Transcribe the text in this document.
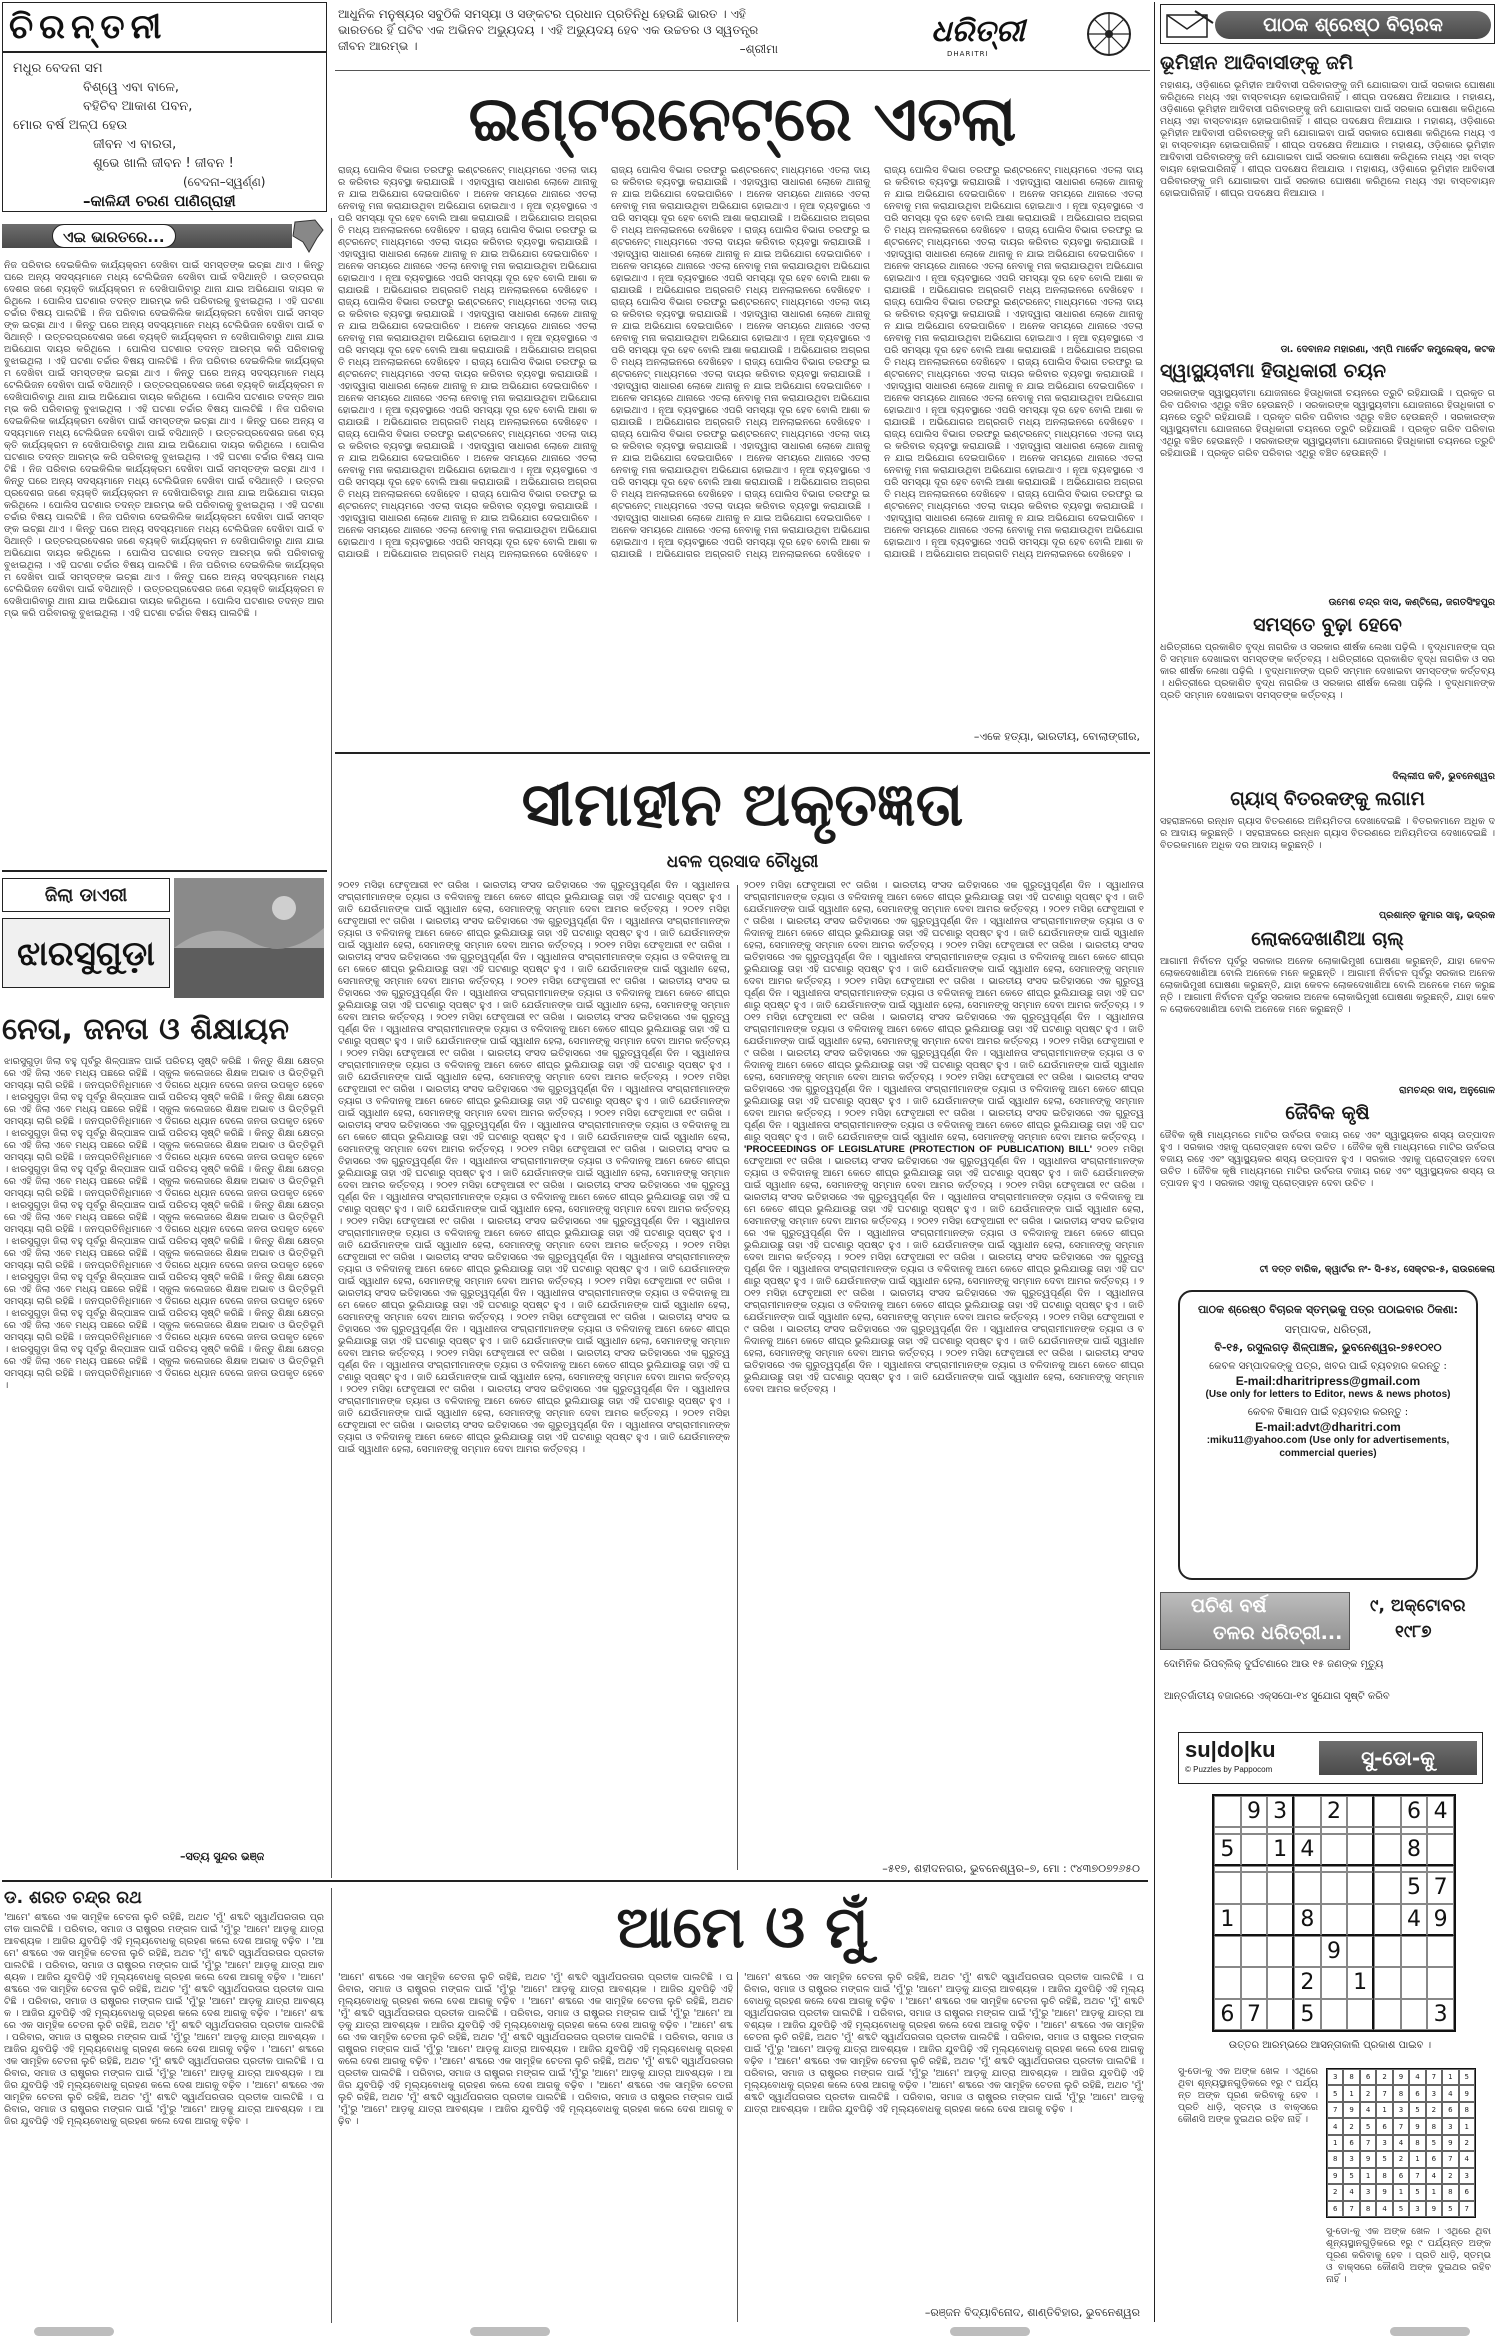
ଚିରନ୍ତନୀ
ମଧୁର ବେଦନା ସମ
ବିଶ୍ୱେ ଏବା ବାଳେ,
ବହିଚିବ ଆକାଶ ପବନ,
ମୋର ବର୍ଷ ଅଳ୍ପ ହେଉ
ଜୀବନ ଏ ବାରତା,
ଶୁଭେ ଖାଲି ଜୀବନ ! ଜୀବନ !
(ବେଦନା–ସ୍ୱର୍ଣ୍ଣ)
–କାଳିନ୍ଦୀ ଚରଣ ପାଣିଗ୍ରାହୀ
ଆଧୁନିକ ମନୁଷ୍ୟର ସବୁଠିକି ସମସ୍ୟା ଓ ସଙ୍କଟର ପ୍ରଧାନ ପ୍ରତିନିଧି ହେଉଛି ଭାରତ । ଏହି ଭାରତରେ ହିଁ ଘଟିବ ଏକ ଅଭିନବ ଅଭ୍ୟୁଦୟ । ଏହି ଅଭ୍ୟୁଦୟ ହେବ ଏକ ଉଚ୍ଚତର ଓ ସ୍ୱତନ୍ତ୍ର ଜୀବନ ଆରମ୍ଭ ।	–ଶ୍ରୀମା	ଧରିତ୍ରୀ
DHARITRI
ଇଣ୍ଟରନେଟ୍‌ରେ ଏତଲା
ଏଇ ଭାରତରେ...
ନିଜ ପରିବାର ଦେଇକିଲିକ କାର୍ଯ୍ୟକ୍ରମ ଦେଖିବା ପାଇଁ ସମସ୍ତଙ୍କ ଇଚ୍ଛା ଥାଏ । କିନ୍ତୁ ଘରେ ଅନ୍ୟ ସଦସ୍ୟମାନେ ମଧ୍ୟ ଟେଲିଭିଜନ ଦେଖିବା ପାଇଁ ବସିଥାନ୍ତି । ଉତ୍ତରପ୍ରଦେଶର ଜଣେ ବ୍ୟକ୍ତି କାର୍ଯ୍ୟକ୍ରମ ନ ଦେଖିପାରିବାରୁ ଥାନା ଯାଇ ଅଭିଯୋଗ ଦାୟର କରିଥିଲେ । ପୋଲିସ ଘଟଣାର ତଦନ୍ତ ଆରମ୍ଭ କରି ପରିବାରକୁ ବୁଝାଇଥିଲା । ଏହି ଘଟଣା ଚର୍ଚ୍ଚାର ବିଷୟ ପାଲଟିଛି । ନିଜ ପରିବାର ଦେଇକିଲିକ କାର୍ଯ୍ୟକ୍ରମ ଦେଖିବା ପାଇଁ ସମସ୍ତଙ୍କ ଇଚ୍ଛା ଥାଏ । କିନ୍ତୁ ଘରେ ଅନ୍ୟ ସଦସ୍ୟମାନେ ମଧ୍ୟ ଟେଲିଭିଜନ ଦେଖିବା ପାଇଁ ବସିଥାନ୍ତି । ଉତ୍ତରପ୍ରଦେଶର ଜଣେ ବ୍ୟକ୍ତି କାର୍ଯ୍ୟକ୍ରମ ନ ଦେଖିପାରିବାରୁ ଥାନା ଯାଇ ଅଭିଯୋଗ ଦାୟର କରିଥିଲେ । ପୋଲିସ ଘଟଣାର ତଦନ୍ତ ଆରମ୍ଭ କରି ପରିବାରକୁ ବୁଝାଇଥିଲା । ଏହି ଘଟଣା ଚର୍ଚ୍ଚାର ବିଷୟ ପାଲଟିଛି । ନିଜ ପରିବାର ଦେଇକିଲିକ କାର୍ଯ୍ୟକ୍ରମ ଦେଖିବା ପାଇଁ ସମସ୍ତଙ୍କ ଇଚ୍ଛା ଥାଏ । କିନ୍ତୁ ଘରେ ଅନ୍ୟ ସଦସ୍ୟମାନେ ମଧ୍ୟ ଟେଲିଭିଜନ ଦେଖିବା ପାଇଁ ବସିଥାନ୍ତି । ଉତ୍ତରପ୍ରଦେଶର ଜଣେ ବ୍ୟକ୍ତି କାର୍ଯ୍ୟକ୍ରମ ନ ଦେଖିପାରିବାରୁ ଥାନା ଯାଇ ଅଭିଯୋଗ ଦାୟର କରିଥିଲେ । ପୋଲିସ ଘଟଣାର ତଦନ୍ତ ଆରମ୍ଭ କରି ପରିବାରକୁ ବୁଝାଇଥିଲା । ଏହି ଘଟଣା ଚର୍ଚ୍ଚାର ବିଷୟ ପାଲଟିଛି । ନିଜ ପରିବାର ଦେଇକିଲିକ କାର୍ଯ୍ୟକ୍ରମ ଦେଖିବା ପାଇଁ ସମସ୍ତଙ୍କ ଇଚ୍ଛା ଥାଏ । କିନ୍ତୁ ଘରେ ଅନ୍ୟ ସଦସ୍ୟମାନେ ମଧ୍ୟ ଟେଲିଭିଜନ ଦେଖିବା ପାଇଁ ବସିଥାନ୍ତି । ଉତ୍ତରପ୍ରଦେଶର ଜଣେ ବ୍ୟକ୍ତି କାର୍ଯ୍ୟକ୍ରମ ନ ଦେଖିପାରିବାରୁ ଥାନା ଯାଇ ଅଭିଯୋଗ ଦାୟର କରିଥିଲେ । ପୋଲିସ ଘଟଣାର ତଦନ୍ତ ଆରମ୍ଭ କରି ପରିବାରକୁ ବୁଝାଇଥିଲା । ଏହି ଘଟଣା ଚର୍ଚ୍ଚାର ବିଷୟ ପାଲଟିଛି । ନିଜ ପରିବାର ଦେଇକିଲିକ କାର୍ଯ୍ୟକ୍ରମ ଦେଖିବା ପାଇଁ ସମସ୍ତଙ୍କ ଇଚ୍ଛା ଥାଏ । କିନ୍ତୁ ଘରେ ଅନ୍ୟ ସଦସ୍ୟମାନେ ମଧ୍ୟ ଟେଲିଭିଜନ ଦେଖିବା ପାଇଁ ବସିଥାନ୍ତି । ଉତ୍ତରପ୍ରଦେଶର ଜଣେ ବ୍ୟକ୍ତି କାର୍ଯ୍ୟକ୍ରମ ନ ଦେଖିପାରିବାରୁ ଥାନା ଯାଇ ଅଭିଯୋଗ ଦାୟର କରିଥିଲେ । ପୋଲିସ ଘଟଣାର ତଦନ୍ତ ଆରମ୍ଭ କରି ପରିବାରକୁ ବୁଝାଇଥିଲା । ଏହି ଘଟଣା ଚର୍ଚ୍ଚାର ବିଷୟ ପାଲଟିଛି । ନିଜ ପରିବାର ଦେଇକିଲିକ କାର୍ଯ୍ୟକ୍ରମ ଦେଖିବା ପାଇଁ ସମସ୍ତଙ୍କ ଇଚ୍ଛା ଥାଏ । କିନ୍ତୁ ଘରେ ଅନ୍ୟ ସଦସ୍ୟମାନେ ମଧ୍ୟ ଟେଲିଭିଜନ ଦେଖିବା ପାଇଁ ବସିଥାନ୍ତି । ଉତ୍ତରପ୍ରଦେଶର ଜଣେ ବ୍ୟକ୍ତି କାର୍ଯ୍ୟକ୍ରମ ନ ଦେଖିପାରିବାରୁ ଥାନା ଯାଇ ଅଭିଯୋଗ ଦାୟର କରିଥିଲେ । ପୋଲିସ ଘଟଣାର ତଦନ୍ତ ଆରମ୍ଭ କରି ପରିବାରକୁ ବୁଝାଇଥିଲା । ଏହି ଘଟଣା ଚର୍ଚ୍ଚାର ବିଷୟ ପାଲଟିଛି । ନିଜ ପରିବାର ଦେଇକିଲିକ କାର୍ଯ୍ୟକ୍ରମ ଦେଖିବା ପାଇଁ ସମସ୍ତଙ୍କ ଇଚ୍ଛା ଥାଏ । କିନ୍ତୁ ଘରେ ଅନ୍ୟ ସଦସ୍ୟମାନେ ମଧ୍ୟ ଟେଲିଭିଜନ ଦେଖିବା ପାଇଁ ବସିଥାନ୍ତି । ଉତ୍ତରପ୍ରଦେଶର ଜଣେ ବ୍ୟକ୍ତି କାର୍ଯ୍ୟକ୍ରମ ନ ଦେଖିପାରିବାରୁ ଥାନା ଯାଇ ଅଭିଯୋଗ ଦାୟର କରିଥିଲେ । ପୋଲିସ ଘଟଣାର ତଦନ୍ତ ଆରମ୍ଭ କରି ପରିବାରକୁ ବୁଝାଇଥିଲା । ଏହି ଘଟଣା ଚର୍ଚ୍ଚାର ବିଷୟ ପାଲଟିଛି ।
ଜିଲା ଡାଏରୀ
ଝାରସୁଗୁଡ଼ା
ନେତା, ଜନତା ଓ ଶିକ୍ଷାୟନ
ଝାରସୁଗୁଡ଼ା ଜିଲା ବହୁ ପୂର୍ବରୁ ଶିଳ୍ପାଞ୍ଚଳ ପାଇଁ ପରିଚୟ ସୃଷ୍ଟି କରିଛି । କିନ୍ତୁ ଶିକ୍ଷା କ୍ଷେତ୍ରରେ ଏହି ଜିଲା ଏବେ ମଧ୍ୟ ପଛରେ ରହିଛି । ସ୍କୁଲ କଲେଜରେ ଶିକ୍ଷକ ଅଭାବ ଓ ଭିତ୍ତିଭୂମି ସମସ୍ୟା ଲାଗି ରହିଛି । ଜନପ୍ରତିନିଧିମାନେ ଏ ଦିଗରେ ଧ୍ୟାନ ଦେଲେ ଜନତା ଉପକୃତ ହେବେ । ଝାରସୁଗୁଡ଼ା ଜିଲା ବହୁ ପୂର୍ବରୁ ଶିଳ୍ପାଞ୍ଚଳ ପାଇଁ ପରିଚୟ ସୃଷ୍ଟି କରିଛି । କିନ୍ତୁ ଶିକ୍ଷା କ୍ଷେତ୍ରରେ ଏହି ଜିଲା ଏବେ ମଧ୍ୟ ପଛରେ ରହିଛି । ସ୍କୁଲ କଲେଜରେ ଶିକ୍ଷକ ଅଭାବ ଓ ଭିତ୍ତିଭୂମି ସମସ୍ୟା ଲାଗି ରହିଛି । ଜନପ୍ରତିନିଧିମାନେ ଏ ଦିଗରେ ଧ୍ୟାନ ଦେଲେ ଜନତା ଉପକୃତ ହେବେ । ଝାରସୁଗୁଡ଼ା ଜିଲା ବହୁ ପୂର୍ବରୁ ଶିଳ୍ପାଞ୍ଚଳ ପାଇଁ ପରିଚୟ ସୃଷ୍ଟି କରିଛି । କିନ୍ତୁ ଶିକ୍ଷା କ୍ଷେତ୍ରରେ ଏହି ଜିଲା ଏବେ ମଧ୍ୟ ପଛରେ ରହିଛି । ସ୍କୁଲ କଲେଜରେ ଶିକ୍ଷକ ଅଭାବ ଓ ଭିତ୍ତିଭୂମି ସମସ୍ୟା ଲାଗି ରହିଛି । ଜନପ୍ରତିନିଧିମାନେ ଏ ଦିଗରେ ଧ୍ୟାନ ଦେଲେ ଜନତା ଉପକୃତ ହେବେ । ଝାରସୁଗୁଡ଼ା ଜିଲା ବହୁ ପୂର୍ବରୁ ଶିଳ୍ପାଞ୍ଚଳ ପାଇଁ ପରିଚୟ ସୃଷ୍ଟି କରିଛି । କିନ୍ତୁ ଶିକ୍ଷା କ୍ଷେତ୍ରରେ ଏହି ଜିଲା ଏବେ ମଧ୍ୟ ପଛରେ ରହିଛି । ସ୍କୁଲ କଲେଜରେ ଶିକ୍ଷକ ଅଭାବ ଓ ଭିତ୍ତିଭୂମି ସମସ୍ୟା ଲାଗି ରହିଛି । ଜନପ୍ରତିନିଧିମାନେ ଏ ଦିଗରେ ଧ୍ୟାନ ଦେଲେ ଜନତା ଉପକୃତ ହେବେ । ଝାରସୁଗୁଡ଼ା ଜିଲା ବହୁ ପୂର୍ବରୁ ଶିଳ୍ପାଞ୍ଚଳ ପାଇଁ ପରିଚୟ ସୃଷ୍ଟି କରିଛି । କିନ୍ତୁ ଶିକ୍ଷା କ୍ଷେତ୍ରରେ ଏହି ଜିଲା ଏବେ ମଧ୍ୟ ପଛରେ ରହିଛି । ସ୍କୁଲ କଲେଜରେ ଶିକ୍ଷକ ଅଭାବ ଓ ଭିତ୍ତିଭୂମି ସମସ୍ୟା ଲାଗି ରହିଛି । ଜନପ୍ରତିନିଧିମାନେ ଏ ଦିଗରେ ଧ୍ୟାନ ଦେଲେ ଜନତା ଉପକୃତ ହେବେ । ଝାରସୁଗୁଡ଼ା ଜିଲା ବହୁ ପୂର୍ବରୁ ଶିଳ୍ପାଞ୍ଚଳ ପାଇଁ ପରିଚୟ ସୃଷ୍ଟି କରିଛି । କିନ୍ତୁ ଶିକ୍ଷା କ୍ଷେତ୍ରରେ ଏହି ଜିଲା ଏବେ ମଧ୍ୟ ପଛରେ ରହିଛି । ସ୍କୁଲ କଲେଜରେ ଶିକ୍ଷକ ଅଭାବ ଓ ଭିତ୍ତିଭୂମି ସମସ୍ୟା ଲାଗି ରହିଛି । ଜନପ୍ରତିନିଧିମାନେ ଏ ଦିଗରେ ଧ୍ୟାନ ଦେଲେ ଜନତା ଉପକୃତ ହେବେ । ଝାରସୁଗୁଡ଼ା ଜିଲା ବହୁ ପୂର୍ବରୁ ଶିଳ୍ପାଞ୍ଚଳ ପାଇଁ ପରିଚୟ ସୃଷ୍ଟି କରିଛି । କିନ୍ତୁ ଶିକ୍ଷା କ୍ଷେତ୍ରରେ ଏହି ଜିଲା ଏବେ ମଧ୍ୟ ପଛରେ ରହିଛି । ସ୍କୁଲ କଲେଜରେ ଶିକ୍ଷକ ଅଭାବ ଓ ଭିତ୍ତିଭୂମି ସମସ୍ୟା ଲାଗି ରହିଛି । ଜନପ୍ରତିନିଧିମାନେ ଏ ଦିଗରେ ଧ୍ୟାନ ଦେଲେ ଜନତା ଉପକୃତ ହେବେ । ଝାରସୁଗୁଡ଼ା ଜିଲା ବହୁ ପୂର୍ବରୁ ଶିଳ୍ପାଞ୍ଚଳ ପାଇଁ ପରିଚୟ ସୃଷ୍ଟି କରିଛି । କିନ୍ତୁ ଶିକ୍ଷା କ୍ଷେତ୍ରରେ ଏହି ଜିଲା ଏବେ ମଧ୍ୟ ପଛରେ ରହିଛି । ସ୍କୁଲ କଲେଜରେ ଶିକ୍ଷକ ଅଭାବ ଓ ଭିତ୍ତିଭୂମି ସମସ୍ୟା ଲାଗି ରହିଛି । ଜନପ୍ରତିନିଧିମାନେ ଏ ଦିଗରେ ଧ୍ୟାନ ଦେଲେ ଜନତା ଉପକୃତ ହେବେ । ଝାରସୁଗୁଡ଼ା ଜିଲା ବହୁ ପୂର୍ବରୁ ଶିଳ୍ପାଞ୍ଚଳ ପାଇଁ ପରିଚୟ ସୃଷ୍ଟି କରିଛି । କିନ୍ତୁ ଶିକ୍ଷା କ୍ଷେତ୍ରରେ ଏହି ଜିଲା ଏବେ ମଧ୍ୟ ପଛରେ ରହିଛି । ସ୍କୁଲ କଲେଜରେ ଶିକ୍ଷକ ଅଭାବ ଓ ଭିତ୍ତିଭୂମି ସମସ୍ୟା ଲାଗି ରହିଛି । ଜନପ୍ରତିନିଧିମାନେ ଏ ଦିଗରେ ଧ୍ୟାନ ଦେଲେ ଜନତା ଉପକୃତ ହେବେ ।
–ସତ୍ୟ ସୁନ୍ଦର ଭଞ୍ଜ
ରାଜ୍ୟ ପୋଲିସ ବିଭାଗ ତରଫରୁ ଇଣ୍ଟରନେଟ୍ ମାଧ୍ୟମରେ ଏତଲା ଦାୟର କରିବାର ବ୍ୟବସ୍ଥା କରାଯାଉଛି । ଏହାଦ୍ୱାରା ସାଧାରଣ ଲୋକେ ଥାନାକୁ ନ ଯାଇ ଅଭିଯୋଗ ଦେଇପାରିବେ । ଅନେକ ସମୟରେ ଥାନାରେ ଏତଲା ନେବାକୁ ମନା କରାଯାଉଥିବା ଅଭିଯୋଗ ହୋଇଥାଏ । ନୂଆ ବ୍ୟବସ୍ଥାରେ ଏପରି ସମସ୍ୟା ଦୂର ହେବ ବୋଲି ଆଶା କରାଯାଉଛି । ଅଭିଯୋଗର ଅଗ୍ରଗତି ମଧ୍ୟ ଅନଲାଇନରେ ଦେଖିହେବ । ରାଜ୍ୟ ପୋଲିସ ବିଭାଗ ତରଫରୁ ଇଣ୍ଟରନେଟ୍ ମାଧ୍ୟମରେ ଏତଲା ଦାୟର କରିବାର ବ୍ୟବସ୍ଥା କରାଯାଉଛି । ଏହାଦ୍ୱାରା ସାଧାରଣ ଲୋକେ ଥାନାକୁ ନ ଯାଇ ଅଭିଯୋଗ ଦେଇପାରିବେ । ଅନେକ ସମୟରେ ଥାନାରେ ଏତଲା ନେବାକୁ ମନା କରାଯାଉଥିବା ଅଭିଯୋଗ ହୋଇଥାଏ । ନୂଆ ବ୍ୟବସ୍ଥାରେ ଏପରି ସମସ୍ୟା ଦୂର ହେବ ବୋଲି ଆଶା କରାଯାଉଛି । ଅଭିଯୋଗର ଅଗ୍ରଗତି ମଧ୍ୟ ଅନଲାଇନରେ ଦେଖିହେବ । ରାଜ୍ୟ ପୋଲିସ ବିଭାଗ ତରଫରୁ ଇଣ୍ଟରନେଟ୍ ମାଧ୍ୟମରେ ଏତଲା ଦାୟର କରିବାର ବ୍ୟବସ୍ଥା କରାଯାଉଛି । ଏହାଦ୍ୱାରା ସାଧାରଣ ଲୋକେ ଥାନାକୁ ନ ଯାଇ ଅଭିଯୋଗ ଦେଇପାରିବେ । ଅନେକ ସମୟରେ ଥାନାରେ ଏତଲା ନେବାକୁ ମନା କରାଯାଉଥିବା ଅଭିଯୋଗ ହୋଇଥାଏ । ନୂଆ ବ୍ୟବସ୍ଥାରେ ଏପରି ସମସ୍ୟା ଦୂର ହେବ ବୋଲି ଆଶା କରାଯାଉଛି । ଅଭିଯୋଗର ଅଗ୍ରଗତି ମଧ୍ୟ ଅନଲାଇନରେ ଦେଖିହେବ । ରାଜ୍ୟ ପୋଲିସ ବିଭାଗ ତରଫରୁ ଇଣ୍ଟରନେଟ୍ ମାଧ୍ୟମରେ ଏତଲା ଦାୟର କରିବାର ବ୍ୟବସ୍ଥା କରାଯାଉଛି । ଏହାଦ୍ୱାରା ସାଧାରଣ ଲୋକେ ଥାନାକୁ ନ ଯାଇ ଅଭିଯୋଗ ଦେଇପାରିବେ । ଅନେକ ସମୟରେ ଥାନାରେ ଏତଲା ନେବାକୁ ମନା କରାଯାଉଥିବା ଅଭିଯୋଗ ହୋଇଥାଏ । ନୂଆ ବ୍ୟବସ୍ଥାରେ ଏପରି ସମସ୍ୟା ଦୂର ହେବ ବୋଲି ଆଶା କରାଯାଉଛି । ଅଭିଯୋଗର ଅଗ୍ରଗତି ମଧ୍ୟ ଅନଲାଇନରେ ଦେଖିହେବ । ରାଜ୍ୟ ପୋଲିସ ବିଭାଗ ତରଫରୁ ଇଣ୍ଟରନେଟ୍ ମାଧ୍ୟମରେ ଏତଲା ଦାୟର କରିବାର ବ୍ୟବସ୍ଥା କରାଯାଉଛି । ଏହାଦ୍ୱାରା ସାଧାରଣ ଲୋକେ ଥାନାକୁ ନ ଯାଇ ଅଭିଯୋଗ ଦେଇପାରିବେ । ଅନେକ ସମୟରେ ଥାନାରେ ଏତଲା ନେବାକୁ ମନା କରାଯାଉଥିବା ଅଭିଯୋଗ ହୋଇଥାଏ । ନୂଆ ବ୍ୟବସ୍ଥାରେ ଏପରି ସମସ୍ୟା ଦୂର ହେବ ବୋଲି ଆଶା କରାଯାଉଛି । ଅଭିଯୋଗର ଅଗ୍ରଗତି ମଧ୍ୟ ଅନଲାଇନରେ ଦେଖିହେବ । ରାଜ୍ୟ ପୋଲିସ ବିଭାଗ ତରଫରୁ ଇଣ୍ଟରନେଟ୍ ମାଧ୍ୟମରେ ଏତଲା ଦାୟର କରିବାର ବ୍ୟବସ୍ଥା କରାଯାଉଛି । ଏହାଦ୍ୱାରା ସାଧାରଣ ଲୋକେ ଥାନାକୁ ନ ଯାଇ ଅଭିଯୋଗ ଦେଇପାରିବେ । ଅନେକ ସମୟରେ ଥାନାରେ ଏତଲା ନେବାକୁ ମନା କରାଯାଉଥିବା ଅଭିଯୋଗ ହୋଇଥାଏ । ନୂଆ ବ୍ୟବସ୍ଥାରେ ଏପରି ସମସ୍ୟା ଦୂର ହେବ ବୋଲି ଆଶା କରାଯାଉଛି । ଅଭିଯୋଗର ଅଗ୍ରଗତି ମଧ୍ୟ ଅନଲାଇନରେ ଦେଖିହେବ । ରାଜ୍ୟ ପୋଲିସ ବିଭାଗ ତରଫରୁ ଇଣ୍ଟରନେଟ୍ ମାଧ୍ୟମରେ ଏତଲା ଦାୟର କରିବାର ବ୍ୟବସ୍ଥା କରାଯାଉଛି । ଏହାଦ୍ୱାରା ସାଧାରଣ ଲୋକେ ଥାନାକୁ ନ ଯାଇ ଅଭିଯୋଗ ଦେଇପାରିବେ । ଅନେକ ସମୟରେ ଥାନାରେ ଏତଲା ନେବାକୁ ମନା କରାଯାଉଥିବା ଅଭିଯୋଗ ହୋଇଥାଏ । ନୂଆ ବ୍ୟବସ୍ଥାରେ ଏପରି ସମସ୍ୟା ଦୂର ହେବ ବୋଲି ଆଶା କରାଯାଉଛି । ଅଭିଯୋଗର ଅଗ୍ରଗତି ମଧ୍ୟ ଅନଲାଇନରେ ଦେଖିହେବ । ରାଜ୍ୟ ପୋଲିସ ବିଭାଗ ତରଫରୁ ଇଣ୍ଟରନେଟ୍ ମାଧ୍ୟମରେ ଏତଲା ଦାୟର କରିବାର ବ୍ୟବସ୍ଥା କରାଯାଉଛି । ଏହାଦ୍ୱାରା ସାଧାରଣ ଲୋକେ ଥାନାକୁ ନ ଯାଇ ଅଭିଯୋଗ ଦେଇପାରିବେ । ଅନେକ ସମୟରେ ଥାନାରେ ଏତଲା ନେବାକୁ ମନା କରାଯାଉଥିବା ଅଭିଯୋଗ ହୋଇଥାଏ । ନୂଆ ବ୍ୟବସ୍ଥାରେ ଏପରି ସମସ୍ୟା ଦୂର ହେବ ବୋଲି ଆଶା କରାଯାଉଛି । ଅଭିଯୋଗର ଅଗ୍ରଗତି ମଧ୍ୟ ଅନଲାଇନରେ ଦେଖିହେବ । ରାଜ୍ୟ ପୋଲିସ ବିଭାଗ ତରଫରୁ ଇଣ୍ଟରନେଟ୍ ମାଧ୍ୟମରେ ଏତଲା ଦାୟର କରିବାର ବ୍ୟବସ୍ଥା କରାଯାଉଛି । ଏହାଦ୍ୱାରା ସାଧାରଣ ଲୋକେ ଥାନାକୁ ନ ଯାଇ ଅଭିଯୋଗ ଦେଇପାରିବେ । ଅନେକ ସମୟରେ ଥାନାରେ ଏତଲା ନେବାକୁ ମନା କରାଯାଉଥିବା ଅଭିଯୋଗ ହୋଇଥାଏ । ନୂଆ ବ୍ୟବସ୍ଥାରେ ଏପରି ସମସ୍ୟା ଦୂର ହେବ ବୋଲି ଆଶା କରାଯାଉଛି । ଅଭିଯୋଗର ଅଗ୍ରଗତି ମଧ୍ୟ ଅନଲାଇନରେ ଦେଖିହେବ । ରାଜ୍ୟ ପୋଲିସ ବିଭାଗ ତରଫରୁ ଇଣ୍ଟରନେଟ୍ ମାଧ୍ୟମରେ ଏତଲା ଦାୟର କରିବାର ବ୍ୟବସ୍ଥା କରାଯାଉଛି । ଏହାଦ୍ୱାରା ସାଧାରଣ ଲୋକେ ଥାନାକୁ ନ ଯାଇ ଅଭିଯୋଗ ଦେଇପାରିବେ । ଅନେକ ସମୟରେ ଥାନାରେ ଏତଲା ନେବାକୁ ମନା କରାଯାଉଥିବା ଅଭିଯୋଗ ହୋଇଥାଏ । ନୂଆ ବ୍ୟବସ୍ଥାରେ ଏପରି ସମସ୍ୟା ଦୂର ହେବ ବୋଲି ଆଶା କରାଯାଉଛି । ଅଭିଯୋଗର ଅଗ୍ରଗତି ମଧ୍ୟ ଅନଲାଇନରେ ଦେଖିହେବ । ରାଜ୍ୟ ପୋଲିସ ବିଭାଗ ତରଫରୁ ଇଣ୍ଟରନେଟ୍ ମାଧ୍ୟମରେ ଏତଲା ଦାୟର କରିବାର ବ୍ୟବସ୍ଥା କରାଯାଉଛି । ଏହାଦ୍ୱାରା ସାଧାରଣ ଲୋକେ ଥାନାକୁ ନ ଯାଇ ଅଭିଯୋଗ ଦେଇପାରିବେ । ଅନେକ ସମୟରେ ଥାନାରେ ଏତଲା ନେବାକୁ ମନା କରାଯାଉଥିବା ଅଭିଯୋଗ ହୋଇଥାଏ । ନୂଆ ବ୍ୟବସ୍ଥାରେ ଏପରି ସମସ୍ୟା ଦୂର ହେବ ବୋଲି ଆଶା କରାଯାଉଛି । ଅଭିଯୋଗର ଅଗ୍ରଗତି ମଧ୍ୟ ଅନଲାଇନରେ ଦେଖିହେବ । ରାଜ୍ୟ ପୋଲିସ ବିଭାଗ ତରଫରୁ ଇଣ୍ଟରନେଟ୍ ମାଧ୍ୟମରେ ଏତଲା ଦାୟର କରିବାର ବ୍ୟବସ୍ଥା କରାଯାଉଛି । ଏହାଦ୍ୱାରା ସାଧାରଣ ଲୋକେ ଥାନାକୁ ନ ଯାଇ ଅଭିଯୋଗ ଦେଇପାରିବେ । ଅନେକ ସମୟରେ ଥାନାରେ ଏତଲା ନେବାକୁ ମନା କରାଯାଉଥିବା ଅଭିଯୋଗ ହୋଇଥାଏ । ନୂଆ ବ୍ୟବସ୍ଥାରେ ଏପରି ସମସ୍ୟା ଦୂର ହେବ ବୋଲି ଆଶା କରାଯାଉଛି । ଅଭିଯୋଗର ଅଗ୍ରଗତି ମଧ୍ୟ ଅନଲାଇନରେ ଦେଖିହେବ । ରାଜ୍ୟ ପୋଲିସ ବିଭାଗ ତରଫରୁ ଇଣ୍ଟରନେଟ୍ ମାଧ୍ୟମରେ ଏତଲା ଦାୟର କରିବାର ବ୍ୟବସ୍ଥା କରାଯାଉଛି । ଏହାଦ୍ୱାରା ସାଧାରଣ ଲୋକେ ଥାନାକୁ ନ ଯାଇ ଅଭିଯୋଗ ଦେଇପାରିବେ । ଅନେକ ସମୟରେ ଥାନାରେ ଏତଲା ନେବାକୁ ମନା କରାଯାଉଥିବା ଅଭିଯୋଗ ହୋଇଥାଏ । ନୂଆ ବ୍ୟବସ୍ଥାରେ ଏପରି ସମସ୍ୟା ଦୂର ହେବ ବୋଲି ଆଶା କରାଯାଉଛି । ଅଭିଯୋଗର ଅଗ୍ରଗତି ମଧ୍ୟ ଅନଲାଇନରେ ଦେଖିହେବ । ରାଜ୍ୟ ପୋଲିସ ବିଭାଗ ତରଫରୁ ଇଣ୍ଟରନେଟ୍ ମାଧ୍ୟମରେ ଏତଲା ଦାୟର କରିବାର ବ୍ୟବସ୍ଥା କରାଯାଉଛି । ଏହାଦ୍ୱାରା ସାଧାରଣ ଲୋକେ ଥାନାକୁ ନ ଯାଇ ଅଭିଯୋଗ ଦେଇପାରିବେ । ଅନେକ ସମୟରେ ଥାନାରେ ଏତଲା ନେବାକୁ ମନା କରାଯାଉଥିବା ଅଭିଯୋଗ ହୋଇଥାଏ । ନୂଆ ବ୍ୟବସ୍ଥାରେ ଏପରି ସମସ୍ୟା ଦୂର ହେବ ବୋଲି ଆଶା କରାଯାଉଛି । ଅଭିଯୋଗର ଅଗ୍ରଗତି ମଧ୍ୟ ଅନଲାଇନରେ ଦେଖିହେବ । ରାଜ୍ୟ ପୋଲିସ ବିଭାଗ ତରଫରୁ ଇଣ୍ଟରନେଟ୍ ମାଧ୍ୟମରେ ଏତଲା ଦାୟର କରିବାର ବ୍ୟବସ୍ଥା କରାଯାଉଛି । ଏହାଦ୍ୱାରା ସାଧାରଣ ଲୋକେ ଥାନାକୁ ନ ଯାଇ ଅଭିଯୋଗ ଦେଇପାରିବେ । ଅନେକ ସମୟରେ ଥାନାରେ ଏତଲା ନେବାକୁ ମନା କରାଯାଉଥିବା ଅଭିଯୋଗ ହୋଇଥାଏ । ନୂଆ ବ୍ୟବସ୍ଥାରେ ଏପରି ସମସ୍ୟା ଦୂର ହେବ ବୋଲି ଆଶା କରାଯାଉଛି । ଅଭିଯୋଗର ଅଗ୍ରଗତି ମଧ୍ୟ ଅନଲାଇନରେ ଦେଖିହେବ । ରାଜ୍ୟ ପୋଲିସ ବିଭାଗ ତରଫରୁ ଇଣ୍ଟରନେଟ୍ ମାଧ୍ୟମରେ ଏତଲା ଦାୟର କରିବାର ବ୍ୟବସ୍ଥା କରାଯାଉଛି । ଏହାଦ୍ୱାରା ସାଧାରଣ ଲୋକେ ଥାନାକୁ ନ ଯାଇ ଅଭିଯୋଗ ଦେଇପାରିବେ । ଅନେକ ସମୟରେ ଥାନାରେ ଏତଲା ନେବାକୁ ମନା କରାଯାଉଥିବା ଅଭିଯୋଗ ହୋଇଥାଏ । ନୂଆ ବ୍ୟବସ୍ଥାରେ ଏପରି ସମସ୍ୟା ଦୂର ହେବ ବୋଲି ଆଶା କରାଯାଉଛି । ଅଭିଯୋଗର ଅଗ୍ରଗତି ମଧ୍ୟ ଅନଲାଇନରେ ଦେଖିହେବ । ରାଜ୍ୟ ପୋଲିସ ବିଭାଗ ତରଫରୁ ଇଣ୍ଟରନେଟ୍ ମାଧ୍ୟମରେ ଏତଲା ଦାୟର କରିବାର ବ୍ୟବସ୍ଥା କରାଯାଉଛି । ଏହାଦ୍ୱାରା ସାଧାରଣ ଲୋକେ ଥାନାକୁ ନ ଯାଇ ଅଭିଯୋଗ ଦେଇପାରିବେ । ଅନେକ ସମୟରେ ଥାନାରେ ଏତଲା ନେବାକୁ ମନା କରାଯାଉଥିବା ଅଭିଯୋଗ ହୋଇଥାଏ । ନୂଆ ବ୍ୟବସ୍ଥାରେ ଏପରି ସମସ୍ୟା ଦୂର ହେବ ବୋଲି ଆଶା କରାଯାଉଛି । ଅଭିଯୋଗର ଅଗ୍ରଗତି ମଧ୍ୟ ଅନଲାଇନରେ ଦେଖିହେବ । ରାଜ୍ୟ ପୋଲିସ ବିଭାଗ ତରଫରୁ ଇଣ୍ଟରନେଟ୍ ମାଧ୍ୟମରେ ଏତଲା ଦାୟର କରିବାର ବ୍ୟବସ୍ଥା କରାଯାଉଛି । ଏହାଦ୍ୱାରା ସାଧାରଣ ଲୋକେ ଥାନାକୁ ନ ଯାଇ ଅଭିଯୋଗ ଦେଇପାରିବେ । ଅନେକ ସମୟରେ ଥାନାରେ ଏତଲା ନେବାକୁ ମନା କରାଯାଉଥିବା ଅଭିଯୋଗ ହୋଇଥାଏ । ନୂଆ ବ୍ୟବସ୍ଥାରେ ଏପରି ସମସ୍ୟା ଦୂର ହେବ ବୋଲି ଆଶା କରାଯାଉଛି । ଅଭିଯୋଗର ଅଗ୍ରଗତି ମଧ୍ୟ ଅନଲାଇନରେ ଦେଖିହେବ ।
–ଏକେ ହତ୍ୟା, ଭାରତୀୟ, ବୋଲାଙ୍ଗୀର,
ସୀମାହୀନ ଅକୃତଜ୍ଞତା
ଧବଳ ପ୍ରସାଦ ଚୌଧୁରୀ
୨୦୧୨ ମସିହା ଫେବୃଆରୀ ୧୯ ତାରିଖ । ଭାରତୀୟ ସଂସଦ ଇତିହାସରେ ଏକ ଗୁରୁତ୍ୱପୂର୍ଣ୍ଣ ଦିନ । ସ୍ୱାଧୀନତା ସଂଗ୍ରାମୀମାନଙ୍କ ତ୍ୟାଗ ଓ ବଳିଦାନକୁ ଆମେ କେତେ ଶୀଘ୍ର ଭୁଲିଯାଉଛୁ ତାହା ଏହି ଘଟଣାରୁ ସ୍ପଷ୍ଟ ହୁଏ । ଜାତି ଯେଉଁମାନଙ୍କ ପାଇଁ ସ୍ୱାଧୀନ ହେଲା, ସେମାନଙ୍କୁ ସମ୍ମାନ ଦେବା ଆମର କର୍ତ୍ତବ୍ୟ । ୨୦୧୨ ମସିହା ଫେବୃଆରୀ ୧୯ ତାରିଖ । ଭାରତୀୟ ସଂସଦ ଇତିହାସରେ ଏକ ଗୁରୁତ୍ୱପୂର୍ଣ୍ଣ ଦିନ । ସ୍ୱାଧୀନତା ସଂଗ୍ରାମୀମାନଙ୍କ ତ୍ୟାଗ ଓ ବଳିଦାନକୁ ଆମେ କେତେ ଶୀଘ୍ର ଭୁଲିଯାଉଛୁ ତାହା ଏହି ଘଟଣାରୁ ସ୍ପଷ୍ଟ ହୁଏ । ଜାତି ଯେଉଁମାନଙ୍କ ପାଇଁ ସ୍ୱାଧୀନ ହେଲା, ସେମାନଙ୍କୁ ସମ୍ମାନ ଦେବା ଆମର କର୍ତ୍ତବ୍ୟ । ୨୦୧୨ ମସିହା ଫେବୃଆରୀ ୧୯ ତାରିଖ । ଭାରତୀୟ ସଂସଦ ଇତିହାସରେ ଏକ ଗୁରୁତ୍ୱପୂର୍ଣ୍ଣ ଦିନ । ସ୍ୱାଧୀନତା ସଂଗ୍ରାମୀମାନଙ୍କ ତ୍ୟାଗ ଓ ବଳିଦାନକୁ ଆମେ କେତେ ଶୀଘ୍ର ଭୁଲିଯାଉଛୁ ତାହା ଏହି ଘଟଣାରୁ ସ୍ପଷ୍ଟ ହୁଏ । ଜାତି ଯେଉଁମାନଙ୍କ ପାଇଁ ସ୍ୱାଧୀନ ହେଲା, ସେମାନଙ୍କୁ ସମ୍ମାନ ଦେବା ଆମର କର୍ତ୍ତବ୍ୟ । ୨୦୧୨ ମସିହା ଫେବୃଆରୀ ୧୯ ତାରିଖ । ଭାରତୀୟ ସଂସଦ ଇତିହାସରେ ଏକ ଗୁରୁତ୍ୱପୂର୍ଣ୍ଣ ଦିନ । ସ୍ୱାଧୀନତା ସଂଗ୍ରାମୀମାନଙ୍କ ତ୍ୟାଗ ଓ ବଳିଦାନକୁ ଆମେ କେତେ ଶୀଘ୍ର ଭୁଲିଯାଉଛୁ ତାହା ଏହି ଘଟଣାରୁ ସ୍ପଷ୍ଟ ହୁଏ । ଜାତି ଯେଉଁମାନଙ୍କ ପାଇଁ ସ୍ୱାଧୀନ ହେଲା, ସେମାନଙ୍କୁ ସମ୍ମାନ ଦେବା ଆମର କର୍ତ୍ତବ୍ୟ । ୨୦୧୨ ମସିହା ଫେବୃଆରୀ ୧୯ ତାରିଖ । ଭାରତୀୟ ସଂସଦ ଇତିହାସରେ ଏକ ଗୁରୁତ୍ୱପୂର୍ଣ୍ଣ ଦିନ । ସ୍ୱାଧୀନତା ସଂଗ୍ରାମୀମାନଙ୍କ ତ୍ୟାଗ ଓ ବଳିଦାନକୁ ଆମେ କେତେ ଶୀଘ୍ର ଭୁଲିଯାଉଛୁ ତାହା ଏହି ଘଟଣାରୁ ସ୍ପଷ୍ଟ ହୁଏ । ଜାତି ଯେଉଁମାନଙ୍କ ପାଇଁ ସ୍ୱାଧୀନ ହେଲା, ସେମାନଙ୍କୁ ସମ୍ମାନ ଦେବା ଆମର କର୍ତ୍ତବ୍ୟ । ୨୦୧୨ ମସିହା ଫେବୃଆରୀ ୧୯ ତାରିଖ । ଭାରତୀୟ ସଂସଦ ଇତିହାସରେ ଏକ ଗୁରୁତ୍ୱପୂର୍ଣ୍ଣ ଦିନ । ସ୍ୱାଧୀନତା ସଂଗ୍ରାମୀମାନଙ୍କ ତ୍ୟାଗ ଓ ବଳିଦାନକୁ ଆମେ କେତେ ଶୀଘ୍ର ଭୁଲିଯାଉଛୁ ତାହା ଏହି ଘଟଣାରୁ ସ୍ପଷ୍ଟ ହୁଏ । ଜାତି ଯେଉଁମାନଙ୍କ ପାଇଁ ସ୍ୱାଧୀନ ହେଲା, ସେମାନଙ୍କୁ ସମ୍ମାନ ଦେବା ଆମର କର୍ତ୍ତବ୍ୟ । ୨୦୧୨ ମସିହା ଫେବୃଆରୀ ୧୯ ତାରିଖ । ଭାରତୀୟ ସଂସଦ ଇତିହାସରେ ଏକ ଗୁରୁତ୍ୱପୂର୍ଣ୍ଣ ଦିନ । ସ୍ୱାଧୀନତା ସଂଗ୍ରାମୀମାନଙ୍କ ତ୍ୟାଗ ଓ ବଳିଦାନକୁ ଆମେ କେତେ ଶୀଘ୍ର ଭୁଲିଯାଉଛୁ ତାହା ଏହି ଘଟଣାରୁ ସ୍ପଷ୍ଟ ହୁଏ । ଜାତି ଯେଉଁମାନଙ୍କ ପାଇଁ ସ୍ୱାଧୀନ ହେଲା, ସେମାନଙ୍କୁ ସମ୍ମାନ ଦେବା ଆମର କର୍ତ୍ତବ୍ୟ । ୨୦୧୨ ମସିହା ଫେବୃଆରୀ ୧୯ ତାରିଖ । ଭାରତୀୟ ସଂସଦ ଇତିହାସରେ ଏକ ଗୁରୁତ୍ୱପୂର୍ଣ୍ଣ ଦିନ । ସ୍ୱାଧୀନତା ସଂଗ୍ରାମୀମାନଙ୍କ ତ୍ୟାଗ ଓ ବଳିଦାନକୁ ଆମେ କେତେ ଶୀଘ୍ର ଭୁଲିଯାଉଛୁ ତାହା ଏହି ଘଟଣାରୁ ସ୍ପଷ୍ଟ ହୁଏ । ଜାତି ଯେଉଁମାନଙ୍କ ପାଇଁ ସ୍ୱାଧୀନ ହେଲା, ସେମାନଙ୍କୁ ସମ୍ମାନ ଦେବା ଆମର କର୍ତ୍ତବ୍ୟ । ୨୦୧୨ ମସିହା ଫେବୃଆରୀ ୧୯ ତାରିଖ । ଭାରତୀୟ ସଂସଦ ଇତିହାସରେ ଏକ ଗୁରୁତ୍ୱପୂର୍ଣ୍ଣ ଦିନ । ସ୍ୱାଧୀନତା ସଂଗ୍ରାମୀମାନଙ୍କ ତ୍ୟାଗ ଓ ବଳିଦାନକୁ ଆମେ କେତେ ଶୀଘ୍ର ଭୁଲିଯାଉଛୁ ତାହା ଏହି ଘଟଣାରୁ ସ୍ପଷ୍ଟ ହୁଏ । ଜାତି ଯେଉଁମାନଙ୍କ ପାଇଁ ସ୍ୱାଧୀନ ହେଲା, ସେମାନଙ୍କୁ ସମ୍ମାନ ଦେବା ଆମର କର୍ତ୍ତବ୍ୟ । ୨୦୧୨ ମସିହା ଫେବୃଆରୀ ୧୯ ତାରିଖ । ଭାରତୀୟ ସଂସଦ ଇତିହାସରେ ଏକ ଗୁରୁତ୍ୱପୂର୍ଣ୍ଣ ଦିନ । ସ୍ୱାଧୀନତା ସଂଗ୍ରାମୀମାନଙ୍କ ତ୍ୟାଗ ଓ ବଳିଦାନକୁ ଆମେ କେତେ ଶୀଘ୍ର ଭୁଲିଯାଉଛୁ ତାହା ଏହି ଘଟଣାରୁ ସ୍ପଷ୍ଟ ହୁଏ । ଜାତି ଯେଉଁମାନଙ୍କ ପାଇଁ ସ୍ୱାଧୀନ ହେଲା, ସେମାନଙ୍କୁ ସମ୍ମାନ ଦେବା ଆମର କର୍ତ୍ତବ୍ୟ । ୨୦୧୨ ମସିହା ଫେବୃଆରୀ ୧୯ ତାରିଖ । ଭାରତୀୟ ସଂସଦ ଇତିହାସରେ ଏକ ଗୁରୁତ୍ୱପୂର୍ଣ୍ଣ ଦିନ । ସ୍ୱାଧୀନତା ସଂଗ୍ରାମୀମାନଙ୍କ ତ୍ୟାଗ ଓ ବଳିଦାନକୁ ଆମେ କେତେ ଶୀଘ୍ର ଭୁଲିଯାଉଛୁ ତାହା ଏହି ଘଟଣାରୁ ସ୍ପଷ୍ଟ ହୁଏ । ଜାତି ଯେଉଁମାନଙ୍କ ପାଇଁ ସ୍ୱାଧୀନ ହେଲା, ସେମାନଙ୍କୁ ସମ୍ମାନ ଦେବା ଆମର କର୍ତ୍ତବ୍ୟ । ୨୦୧୨ ମସିହା ଫେବୃଆରୀ ୧୯ ତାରିଖ । ଭାରତୀୟ ସଂସଦ ଇତିହାସରେ ଏକ ଗୁରୁତ୍ୱପୂର୍ଣ୍ଣ ଦିନ । ସ୍ୱାଧୀନତା ସଂଗ୍ରାମୀମାନଙ୍କ ତ୍ୟାଗ ଓ ବଳିଦାନକୁ ଆମେ କେତେ ଶୀଘ୍ର ଭୁଲିଯାଉଛୁ ତାହା ଏହି ଘଟଣାରୁ ସ୍ପଷ୍ଟ ହୁଏ । ଜାତି ଯେଉଁମାନଙ୍କ ପାଇଁ ସ୍ୱାଧୀନ ହେଲା, ସେମାନଙ୍କୁ ସମ୍ମାନ ଦେବା ଆମର କର୍ତ୍ତବ୍ୟ । ୨୦୧୨ ମସିହା ଫେବୃଆରୀ ୧୯ ତାରିଖ । ଭାରତୀୟ ସଂସଦ ଇତିହାସରେ ଏକ ଗୁରୁତ୍ୱପୂର୍ଣ୍ଣ ଦିନ । ସ୍ୱାଧୀନତା ସଂଗ୍ରାମୀମାନଙ୍କ ତ୍ୟାଗ ଓ ବଳିଦାନକୁ ଆମେ କେତେ ଶୀଘ୍ର ଭୁଲିଯାଉଛୁ ତାହା ଏହି ଘଟଣାରୁ ସ୍ପଷ୍ଟ ହୁଏ । ଜାତି ଯେଉଁମାନଙ୍କ ପାଇଁ ସ୍ୱାଧୀନ ହେଲା, ସେମାନଙ୍କୁ ସମ୍ମାନ ଦେବା ଆମର କର୍ତ୍ତବ୍ୟ । ୨୦୧୨ ମସିହା ଫେବୃଆରୀ ୧୯ ତାରିଖ । ଭାରତୀୟ ସଂସଦ ଇତିହାସରେ ଏକ ଗୁରୁତ୍ୱପୂର୍ଣ୍ଣ ଦିନ । ସ୍ୱାଧୀନତା ସଂଗ୍ରାମୀମାନଙ୍କ ତ୍ୟାଗ ଓ ବଳିଦାନକୁ ଆମେ କେତେ ଶୀଘ୍ର ଭୁଲିଯାଉଛୁ ତାହା ଏହି ଘଟଣାରୁ ସ୍ପଷ୍ଟ ହୁଏ । ଜାତି ଯେଉଁମାନଙ୍କ ପାଇଁ ସ୍ୱାଧୀନ ହେଲା, ସେମାନଙ୍କୁ ସମ୍ମାନ ଦେବା ଆମର କର୍ତ୍ତବ୍ୟ । ୨୦୧୨ ମସିହା ଫେବୃଆରୀ ୧୯ ତାରିଖ । ଭାରତୀୟ ସଂସଦ ଇତିହାସରେ ଏକ ଗୁରୁତ୍ୱପୂର୍ଣ୍ଣ ଦିନ । ସ୍ୱାଧୀନତା ସଂଗ୍ରାମୀମାନଙ୍କ ତ୍ୟାଗ ଓ ବଳିଦାନକୁ ଆମେ କେତେ ଶୀଘ୍ର ଭୁଲିଯାଉଛୁ ତାହା ଏହି ଘଟଣାରୁ ସ୍ପଷ୍ଟ ହୁଏ । ଜାତି ଯେଉଁମାନଙ୍କ ପାଇଁ ସ୍ୱାଧୀନ ହେଲା, ସେମାନଙ୍କୁ ସମ୍ମାନ ଦେବା ଆମର କର୍ତ୍ତବ୍ୟ । ୨୦୧୨ ମସିହା ଫେବୃଆରୀ ୧୯ ତାରିଖ । ଭାରତୀୟ ସଂସଦ ଇତିହାସରେ ଏକ ଗୁରୁତ୍ୱପୂର୍ଣ୍ଣ ଦିନ । ସ୍ୱାଧୀନତା ସଂଗ୍ରାମୀମାନଙ୍କ ତ୍ୟାଗ ଓ ବଳିଦାନକୁ ଆମେ କେତେ ଶୀଘ୍ର ଭୁଲିଯାଉଛୁ ତାହା ଏହି ଘଟଣାରୁ ସ୍ପଷ୍ଟ ହୁଏ । ଜାତି ଯେଉଁମାନଙ୍କ ପାଇଁ ସ୍ୱାଧୀନ ହେଲା, ସେମାନଙ୍କୁ ସମ୍ମାନ ଦେବା ଆମର କର୍ତ୍ତବ୍ୟ । ୨୦୧୨ ମସିହା ଫେବୃଆରୀ ୧୯ ତାରିଖ । ଭାରତୀୟ ସଂସଦ ଇତିହାସରେ ଏକ ଗୁରୁତ୍ୱପୂର୍ଣ୍ଣ ଦିନ । ସ୍ୱାଧୀନତା ସଂଗ୍ରାମୀମାନଙ୍କ ତ୍ୟାଗ ଓ ବଳିଦାନକୁ ଆମେ କେତେ ଶୀଘ୍ର ଭୁଲିଯାଉଛୁ ତାହା ଏହି ଘଟଣାରୁ ସ୍ପଷ୍ଟ ହୁଏ । ଜାତି ଯେଉଁମାନଙ୍କ ପାଇଁ ସ୍ୱାଧୀନ ହେଲା, ସେମାନଙ୍କୁ ସମ୍ମାନ ଦେବା ଆମର କର୍ତ୍ତବ୍ୟ ।
୨୦୧୨ ମସିହା ଫେବୃଆରୀ ୧୯ ତାରିଖ । ଭାରତୀୟ ସଂସଦ ଇତିହାସରେ ଏକ ଗୁରୁତ୍ୱପୂର୍ଣ୍ଣ ଦିନ । ସ୍ୱାଧୀନତା ସଂଗ୍ରାମୀମାନଙ୍କ ତ୍ୟାଗ ଓ ବଳିଦାନକୁ ଆମେ କେତେ ଶୀଘ୍ର ଭୁଲିଯାଉଛୁ ତାହା ଏହି ଘଟଣାରୁ ସ୍ପଷ୍ଟ ହୁଏ । ଜାତି ଯେଉଁମାନଙ୍କ ପାଇଁ ସ୍ୱାଧୀନ ହେଲା, ସେମାନଙ୍କୁ ସମ୍ମାନ ଦେବା ଆମର କର୍ତ୍ତବ୍ୟ । ୨୦୧୨ ମସିହା ଫେବୃଆରୀ ୧୯ ତାରିଖ । ଭାରତୀୟ ସଂସଦ ଇତିହାସରେ ଏକ ଗୁରୁତ୍ୱପୂର୍ଣ୍ଣ ଦିନ । ସ୍ୱାଧୀନତା ସଂଗ୍ରାମୀମାନଙ୍କ ତ୍ୟାଗ ଓ ବଳିଦାନକୁ ଆମେ କେତେ ଶୀଘ୍ର ଭୁଲିଯାଉଛୁ ତାହା ଏହି ଘଟଣାରୁ ସ୍ପଷ୍ଟ ହୁଏ । ଜାତି ଯେଉଁମାନଙ୍କ ପାଇଁ ସ୍ୱାଧୀନ ହେଲା, ସେମାନଙ୍କୁ ସମ୍ମାନ ଦେବା ଆମର କର୍ତ୍ତବ୍ୟ । ୨୦୧୨ ମସିହା ଫେବୃଆରୀ ୧୯ ତାରିଖ । ଭାରତୀୟ ସଂସଦ ଇତିହାସରେ ଏକ ଗୁରୁତ୍ୱପୂର୍ଣ୍ଣ ଦିନ । ସ୍ୱାଧୀନତା ସଂଗ୍ରାମୀମାନଙ୍କ ତ୍ୟାଗ ଓ ବଳିଦାନକୁ ଆମେ କେତେ ଶୀଘ୍ର ଭୁଲିଯାଉଛୁ ତାହା ଏହି ଘଟଣାରୁ ସ୍ପଷ୍ଟ ହୁଏ । ଜାତି ଯେଉଁମାନଙ୍କ ପାଇଁ ସ୍ୱାଧୀନ ହେଲା, ସେମାନଙ୍କୁ ସମ୍ମାନ ଦେବା ଆମର କର୍ତ୍ତବ୍ୟ । ୨୦୧୨ ମସିହା ଫେବୃଆରୀ ୧୯ ତାରିଖ । ଭାରତୀୟ ସଂସଦ ଇତିହାସରେ ଏକ ଗୁରୁତ୍ୱପୂର୍ଣ୍ଣ ଦିନ । ସ୍ୱାଧୀନତା ସଂଗ୍ରାମୀମାନଙ୍କ ତ୍ୟାଗ ଓ ବଳିଦାନକୁ ଆମେ କେତେ ଶୀଘ୍ର ଭୁଲିଯାଉଛୁ ତାହା ଏହି ଘଟଣାରୁ ସ୍ପଷ୍ଟ ହୁଏ । ଜାତି ଯେଉଁମାନଙ୍କ ପାଇଁ ସ୍ୱାଧୀନ ହେଲା, ସେମାନଙ୍କୁ ସମ୍ମାନ ଦେବା ଆମର କର୍ତ୍ତବ୍ୟ । ୨୦୧୨ ମସିହା ଫେବୃଆରୀ ୧୯ ତାରିଖ । ଭାରତୀୟ ସଂସଦ ଇତିହାସରେ ଏକ ଗୁରୁତ୍ୱପୂର୍ଣ୍ଣ ଦିନ । ସ୍ୱାଧୀନତା ସଂଗ୍ରାମୀମାନଙ୍କ ତ୍ୟାଗ ଓ ବଳିଦାନକୁ ଆମେ କେତେ ଶୀଘ୍ର ଭୁଲିଯାଉଛୁ ତାହା ଏହି ଘଟଣାରୁ ସ୍ପଷ୍ଟ ହୁଏ । ଜାତି ଯେଉଁମାନଙ୍କ ପାଇଁ ସ୍ୱାଧୀନ ହେଲା, ସେମାନଙ୍କୁ ସମ୍ମାନ ଦେବା ଆମର କର୍ତ୍ତବ୍ୟ । ୨୦୧୨ ମସିହା ଫେବୃଆରୀ ୧୯ ତାରିଖ । ଭାରତୀୟ ସଂସଦ ଇତିହାସରେ ଏକ ଗୁରୁତ୍ୱପୂର୍ଣ୍ଣ ଦିନ । ସ୍ୱାଧୀନତା ସଂଗ୍ରାମୀମାନଙ୍କ ତ୍ୟାଗ ଓ ବଳିଦାନକୁ ଆମେ କେତେ ଶୀଘ୍ର ଭୁଲିଯାଉଛୁ ତାହା ଏହି ଘଟଣାରୁ ସ୍ପଷ୍ଟ ହୁଏ । ଜାତି ଯେଉଁମାନଙ୍କ ପାଇଁ ସ୍ୱାଧୀନ ହେଲା, ସେମାନଙ୍କୁ ସମ୍ମାନ ଦେବା ଆମର କର୍ତ୍ତବ୍ୟ । ୨୦୧୨ ମସିହା ଫେବୃଆରୀ ୧୯ ତାରିଖ । ଭାରତୀୟ ସଂସଦ ଇତିହାସରେ ଏକ ଗୁରୁତ୍ୱପୂର୍ଣ୍ଣ ଦିନ । ସ୍ୱାଧୀନତା ସଂଗ୍ରାମୀମାନଙ୍କ ତ୍ୟାଗ ଓ ବଳିଦାନକୁ ଆମେ କେତେ ଶୀଘ୍ର ଭୁଲିଯାଉଛୁ ତାହା ଏହି ଘଟଣାରୁ ସ୍ପଷ୍ଟ ହୁଏ । ଜାତି ଯେଉଁମାନଙ୍କ ପାଇଁ ସ୍ୱାଧୀନ ହେଲା, ସେମାନଙ୍କୁ ସମ୍ମାନ ଦେବା ଆମର କର୍ତ୍ତବ୍ୟ । ୨୦୧୨ ମସିହା ଫେବୃଆରୀ ୧୯ ତାରିଖ । ଭାରତୀୟ ସଂସଦ ଇତିହାସରେ ଏକ ଗୁରୁତ୍ୱପୂର୍ଣ୍ଣ ଦିନ । ସ୍ୱାଧୀନତା ସଂଗ୍ରାମୀମାନଙ୍କ ତ୍ୟାଗ ଓ ବଳିଦାନକୁ ଆମେ କେତେ ଶୀଘ୍ର ଭୁଲିଯାଉଛୁ ତାହା ଏହି ଘଟଣାରୁ ସ୍ପଷ୍ଟ ହୁଏ । ଜାତି ଯେଉଁମାନଙ୍କ ପାଇଁ ସ୍ୱାଧୀନ ହେଲା, ସେମାନଙ୍କୁ ସମ୍ମାନ ଦେବା ଆମର କର୍ତ୍ତବ୍ୟ । 'PROCEEDINGS OF LEGISLATURE (PROTECTION OF PUBLICATION) BILL' ୨୦୧୨ ମସିହା ଫେବୃଆରୀ ୧୯ ତାରିଖ । ଭାରତୀୟ ସଂସଦ ଇତିହାସରେ ଏକ ଗୁରୁତ୍ୱପୂର୍ଣ୍ଣ ଦିନ । ସ୍ୱାଧୀନତା ସଂଗ୍ରାମୀମାନଙ୍କ ତ୍ୟାଗ ଓ ବଳିଦାନକୁ ଆମେ କେତେ ଶୀଘ୍ର ଭୁଲିଯାଉଛୁ ତାହା ଏହି ଘଟଣାରୁ ସ୍ପଷ୍ଟ ହୁଏ । ଜାତି ଯେଉଁମାନଙ୍କ ପାଇଁ ସ୍ୱାଧୀନ ହେଲା, ସେମାନଙ୍କୁ ସମ୍ମାନ ଦେବା ଆମର କର୍ତ୍ତବ୍ୟ । ୨୦୧୨ ମସିହା ଫେବୃଆରୀ ୧୯ ତାରିଖ । ଭାରତୀୟ ସଂସଦ ଇତିହାସରେ ଏକ ଗୁରୁତ୍ୱପୂର୍ଣ୍ଣ ଦିନ । ସ୍ୱାଧୀନତା ସଂଗ୍ରାମୀମାନଙ୍କ ତ୍ୟାଗ ଓ ବଳିଦାନକୁ ଆମେ କେତେ ଶୀଘ୍ର ଭୁଲିଯାଉଛୁ ତାହା ଏହି ଘଟଣାରୁ ସ୍ପଷ୍ଟ ହୁଏ । ଜାତି ଯେଉଁମାନଙ୍କ ପାଇଁ ସ୍ୱାଧୀନ ହେଲା, ସେମାନଙ୍କୁ ସମ୍ମାନ ଦେବା ଆମର କର୍ତ୍ତବ୍ୟ । ୨୦୧୨ ମସିହା ଫେବୃଆରୀ ୧୯ ତାରିଖ । ଭାରତୀୟ ସଂସଦ ଇତିହାସରେ ଏକ ଗୁରୁତ୍ୱପୂର୍ଣ୍ଣ ଦିନ । ସ୍ୱାଧୀନତା ସଂଗ୍ରାମୀମାନଙ୍କ ତ୍ୟାଗ ଓ ବଳିଦାନକୁ ଆମେ କେତେ ଶୀଘ୍ର ଭୁଲିଯାଉଛୁ ତାହା ଏହି ଘଟଣାରୁ ସ୍ପଷ୍ଟ ହୁଏ । ଜାତି ଯେଉଁମାନଙ୍କ ପାଇଁ ସ୍ୱାଧୀନ ହେଲା, ସେମାନଙ୍କୁ ସମ୍ମାନ ଦେବା ଆମର କର୍ତ୍ତବ୍ୟ । ୨୦୧୨ ମସିହା ଫେବୃଆରୀ ୧୯ ତାରିଖ । ଭାରତୀୟ ସଂସଦ ଇତିହାସରେ ଏକ ଗୁରୁତ୍ୱପୂର୍ଣ୍ଣ ଦିନ । ସ୍ୱାଧୀନତା ସଂଗ୍ରାମୀମାନଙ୍କ ତ୍ୟାଗ ଓ ବଳିଦାନକୁ ଆମେ କେତେ ଶୀଘ୍ର ଭୁଲିଯାଉଛୁ ତାହା ଏହି ଘଟଣାରୁ ସ୍ପଷ୍ଟ ହୁଏ । ଜାତି ଯେଉଁମାନଙ୍କ ପାଇଁ ସ୍ୱାଧୀନ ହେଲା, ସେମାନଙ୍କୁ ସମ୍ମାନ ଦେବା ଆମର କର୍ତ୍ତବ୍ୟ । ୨୦୧୨ ମସିହା ଫେବୃଆରୀ ୧୯ ତାରିଖ । ଭାରତୀୟ ସଂସଦ ଇତିହାସରେ ଏକ ଗୁରୁତ୍ୱପୂର୍ଣ୍ଣ ଦିନ । ସ୍ୱାଧୀନତା ସଂଗ୍ରାମୀମାନଙ୍କ ତ୍ୟାଗ ଓ ବଳିଦାନକୁ ଆମେ କେତେ ଶୀଘ୍ର ଭୁଲିଯାଉଛୁ ତାହା ଏହି ଘଟଣାରୁ ସ୍ପଷ୍ଟ ହୁଏ । ଜାତି ଯେଉଁମାନଙ୍କ ପାଇଁ ସ୍ୱାଧୀନ ହେଲା, ସେମାନଙ୍କୁ ସମ୍ମାନ ଦେବା ଆମର କର୍ତ୍ତବ୍ୟ । ୨୦୧୨ ମସିହା ଫେବୃଆରୀ ୧୯ ତାରିଖ । ଭାରତୀୟ ସଂସଦ ଇତିହାସରେ ଏକ ଗୁରୁତ୍ୱପୂର୍ଣ୍ଣ ଦିନ । ସ୍ୱାଧୀନତା ସଂଗ୍ରାମୀମାନଙ୍କ ତ୍ୟାଗ ଓ ବଳିଦାନକୁ ଆମେ କେତେ ଶୀଘ୍ର ଭୁଲିଯାଉଛୁ ତାହା ଏହି ଘଟଣାରୁ ସ୍ପଷ୍ଟ ହୁଏ । ଜାତି ଯେଉଁମାନଙ୍କ ପାଇଁ ସ୍ୱାଧୀନ ହେଲା, ସେମାନଙ୍କୁ ସମ୍ମାନ ଦେବା ଆମର କର୍ତ୍ତବ୍ୟ । ୨୦୧୨ ମସିହା ଫେବୃଆରୀ ୧୯ ତାରିଖ । ଭାରତୀୟ ସଂସଦ ଇତିହାସରେ ଏକ ଗୁରୁତ୍ୱପୂର୍ଣ୍ଣ ଦିନ । ସ୍ୱାଧୀନତା ସଂଗ୍ରାମୀମାନଙ୍କ ତ୍ୟାଗ ଓ ବଳିଦାନକୁ ଆମେ କେତେ ଶୀଘ୍ର ଭୁଲିଯାଉଛୁ ତାହା ଏହି ଘଟଣାରୁ ସ୍ପଷ୍ଟ ହୁଏ । ଜାତି ଯେଉଁମାନଙ୍କ ପାଇଁ ସ୍ୱାଧୀନ ହେଲା, ସେମାନଙ୍କୁ ସମ୍ମାନ ଦେବା ଆମର କର୍ତ୍ତବ୍ୟ ।
–୫୧୭, ଶହୀଦନଗର, ଭୁବନେଶ୍ୱର–୭, ମୋ : ୯୪୩୭୦୭୨୬୫୦
ଡ. ଶରତ ଚନ୍ଦ୍ର ରଥ	ଆମେ ଓ ମୁଁ
'ଆମେ' ଶବ୍ଦରେ ଏକ ସାମୂହିକ ଚେତନା ଲୁଚି ରହିଛି, ଅଥଚ 'ମୁଁ' ଶବ୍ଦଟି ସ୍ୱାର୍ଥପରତାର ପ୍ରତୀକ ପାଲଟିଛି । ପରିବାର, ସମାଜ ଓ ରାଷ୍ଟ୍ରର ମଙ୍ଗଳ ପାଇଁ 'ମୁଁ'ରୁ 'ଆମେ' ଆଡ଼କୁ ଯାତ୍ରା ଆବଶ୍ୟକ । ଆଜିର ଯୁବପିଢ଼ି ଏହି ମୂଲ୍ୟବୋଧକୁ ଗ୍ରହଣ କଲେ ଦେଶ ଆଗକୁ ବଢ଼ିବ । 'ଆମେ' ଶବ୍ଦରେ ଏକ ସାମୂହିକ ଚେତନା ଲୁଚି ରହିଛି, ଅଥଚ 'ମୁଁ' ଶବ୍ଦଟି ସ୍ୱାର୍ଥପରତାର ପ୍ରତୀକ ପାଲଟିଛି । ପରିବାର, ସମାଜ ଓ ରାଷ୍ଟ୍ରର ମଙ୍ଗଳ ପାଇଁ 'ମୁଁ'ରୁ 'ଆମେ' ଆଡ଼କୁ ଯାତ୍ରା ଆବଶ୍ୟକ । ଆଜିର ଯୁବପିଢ଼ି ଏହି ମୂଲ୍ୟବୋଧକୁ ଗ୍ରହଣ କଲେ ଦେଶ ଆଗକୁ ବଢ଼ିବ । 'ଆମେ' ଶବ୍ଦରେ ଏକ ସାମୂହିକ ଚେତନା ଲୁଚି ରହିଛି, ଅଥଚ 'ମୁଁ' ଶବ୍ଦଟି ସ୍ୱାର୍ଥପରତାର ପ୍ରତୀକ ପାଲଟିଛି । ପରିବାର, ସମାଜ ଓ ରାଷ୍ଟ୍ରର ମଙ୍ଗଳ ପାଇଁ 'ମୁଁ'ରୁ 'ଆମେ' ଆଡ଼କୁ ଯାତ୍ରା ଆବଶ୍ୟକ । ଆଜିର ଯୁବପିଢ଼ି ଏହି ମୂଲ୍ୟବୋଧକୁ ଗ୍ରହଣ କଲେ ଦେଶ ଆଗକୁ ବଢ଼ିବ । 'ଆମେ' ଶବ୍ଦରେ ଏକ ସାମୂହିକ ଚେତନା ଲୁଚି ରହିଛି, ଅଥଚ 'ମୁଁ' ଶବ୍ଦଟି ସ୍ୱାର୍ଥପରତାର ପ୍ରତୀକ ପାଲଟିଛି । ପରିବାର, ସମାଜ ଓ ରାଷ୍ଟ୍ରର ମଙ୍ଗଳ ପାଇଁ 'ମୁଁ'ରୁ 'ଆମେ' ଆଡ଼କୁ ଯାତ୍ରା ଆବଶ୍ୟକ । ଆଜିର ଯୁବପିଢ଼ି ଏହି ମୂଲ୍ୟବୋଧକୁ ଗ୍ରହଣ କଲେ ଦେଶ ଆଗକୁ ବଢ଼ିବ । 'ଆମେ' ଶବ୍ଦରେ ଏକ ସାମୂହିକ ଚେତନା ଲୁଚି ରହିଛି, ଅଥଚ 'ମୁଁ' ଶବ୍ଦଟି ସ୍ୱାର୍ଥପରତାର ପ୍ରତୀକ ପାଲଟିଛି । ପରିବାର, ସମାଜ ଓ ରାଷ୍ଟ୍ରର ମଙ୍ଗଳ ପାଇଁ 'ମୁଁ'ରୁ 'ଆମେ' ଆଡ଼କୁ ଯାତ୍ରା ଆବଶ୍ୟକ । ଆଜିର ଯୁବପିଢ଼ି ଏହି ମୂଲ୍ୟବୋଧକୁ ଗ୍ରହଣ କଲେ ଦେଶ ଆଗକୁ ବଢ଼ିବ । 'ଆମେ' ଶବ୍ଦରେ ଏକ ସାମୂହିକ ଚେତନା ଲୁଚି ରହିଛି, ଅଥଚ 'ମୁଁ' ଶବ୍ଦଟି ସ୍ୱାର୍ଥପରତାର ପ୍ରତୀକ ପାଲଟିଛି । ପରିବାର, ସମାଜ ଓ ରାଷ୍ଟ୍ରର ମଙ୍ଗଳ ପାଇଁ 'ମୁଁ'ରୁ 'ଆମେ' ଆଡ଼କୁ ଯାତ୍ରା ଆବଶ୍ୟକ । ଆଜିର ଯୁବପିଢ଼ି ଏହି ମୂଲ୍ୟବୋଧକୁ ଗ୍ରହଣ କଲେ ଦେଶ ଆଗକୁ ବଢ଼ିବ ।
'ଆମେ' ଶବ୍ଦରେ ଏକ ସାମୂହିକ ଚେତନା ଲୁଚି ରହିଛି, ଅଥଚ 'ମୁଁ' ଶବ୍ଦଟି ସ୍ୱାର୍ଥପରତାର ପ୍ରତୀକ ପାଲଟିଛି । ପରିବାର, ସମାଜ ଓ ରାଷ୍ଟ୍ରର ମଙ୍ଗଳ ପାଇଁ 'ମୁଁ'ରୁ 'ଆମେ' ଆଡ଼କୁ ଯାତ୍ରା ଆବଶ୍ୟକ । ଆଜିର ଯୁବପିଢ଼ି ଏହି ମୂଲ୍ୟବୋଧକୁ ଗ୍ରହଣ କଲେ ଦେଶ ଆଗକୁ ବଢ଼ିବ । 'ଆମେ' ଶବ୍ଦରେ ଏକ ସାମୂହିକ ଚେତନା ଲୁଚି ରହିଛି, ଅଥଚ 'ମୁଁ' ଶବ୍ଦଟି ସ୍ୱାର୍ଥପରତାର ପ୍ରତୀକ ପାଲଟିଛି । ପରିବାର, ସମାଜ ଓ ରାଷ୍ଟ୍ରର ମଙ୍ଗଳ ପାଇଁ 'ମୁଁ'ରୁ 'ଆମେ' ଆଡ଼କୁ ଯାତ୍ରା ଆବଶ୍ୟକ । ଆଜିର ଯୁବପିଢ଼ି ଏହି ମୂଲ୍ୟବୋଧକୁ ଗ୍ରହଣ କଲେ ଦେଶ ଆଗକୁ ବଢ଼ିବ । 'ଆମେ' ଶବ୍ଦରେ ଏକ ସାମୂହିକ ଚେତନା ଲୁଚି ରହିଛି, ଅଥଚ 'ମୁଁ' ଶବ୍ଦଟି ସ୍ୱାର୍ଥପରତାର ପ୍ରତୀକ ପାଲଟିଛି । ପରିବାର, ସମାଜ ଓ ରାଷ୍ଟ୍ରର ମଙ୍ଗଳ ପାଇଁ 'ମୁଁ'ରୁ 'ଆମେ' ଆଡ଼କୁ ଯାତ୍ରା ଆବଶ୍ୟକ । ଆଜିର ଯୁବପିଢ଼ି ଏହି ମୂଲ୍ୟବୋଧକୁ ଗ୍ରହଣ କଲେ ଦେଶ ଆଗକୁ ବଢ଼ିବ । 'ଆମେ' ଶବ୍ଦରେ ଏକ ସାମୂହିକ ଚେତନା ଲୁଚି ରହିଛି, ଅଥଚ 'ମୁଁ' ଶବ୍ଦଟି ସ୍ୱାର୍ଥପରତାର ପ୍ରତୀକ ପାଲଟିଛି । ପରିବାର, ସମାଜ ଓ ରାଷ୍ଟ୍ରର ମଙ୍ଗଳ ପାଇଁ 'ମୁଁ'ରୁ 'ଆମେ' ଆଡ଼କୁ ଯାତ୍ରା ଆବଶ୍ୟକ । ଆଜିର ଯୁବପିଢ଼ି ଏହି ମୂଲ୍ୟବୋଧକୁ ଗ୍ରହଣ କଲେ ଦେଶ ଆଗକୁ ବଢ଼ିବ । 'ଆମେ' ଶବ୍ଦରେ ଏକ ସାମୂହିକ ଚେତନା ଲୁଚି ରହିଛି, ଅଥଚ 'ମୁଁ' ଶବ୍ଦଟି ସ୍ୱାର୍ଥପରତାର ପ୍ରତୀକ ପାଲଟିଛି । ପରିବାର, ସମାଜ ଓ ରାଷ୍ଟ୍ରର ମଙ୍ଗଳ ପାଇଁ 'ମୁଁ'ରୁ 'ଆମେ' ଆଡ଼କୁ ଯାତ୍ରା ଆବଶ୍ୟକ । ଆଜିର ଯୁବପିଢ଼ି ଏହି ମୂଲ୍ୟବୋଧକୁ ଗ୍ରହଣ କଲେ ଦେଶ ଆଗକୁ ବଢ଼ିବ ।
'ଆମେ' ଶବ୍ଦରେ ଏକ ସାମୂହିକ ଚେତନା ଲୁଚି ରହିଛି, ଅଥଚ 'ମୁଁ' ଶବ୍ଦଟି ସ୍ୱାର୍ଥପରତାର ପ୍ରତୀକ ପାଲଟିଛି । ପରିବାର, ସମାଜ ଓ ରାଷ୍ଟ୍ରର ମଙ୍ଗଳ ପାଇଁ 'ମୁଁ'ରୁ 'ଆମେ' ଆଡ଼କୁ ଯାତ୍ରା ଆବଶ୍ୟକ । ଆଜିର ଯୁବପିଢ଼ି ଏହି ମୂଲ୍ୟବୋଧକୁ ଗ୍ରହଣ କଲେ ଦେଶ ଆଗକୁ ବଢ଼ିବ । 'ଆମେ' ଶବ୍ଦରେ ଏକ ସାମୂହିକ ଚେତନା ଲୁଚି ରହିଛି, ଅଥଚ 'ମୁଁ' ଶବ୍ଦଟି ସ୍ୱାର୍ଥପରତାର ପ୍ରତୀକ ପାଲଟିଛି । ପରିବାର, ସମାଜ ଓ ରାଷ୍ଟ୍ରର ମଙ୍ଗଳ ପାଇଁ 'ମୁଁ'ରୁ 'ଆମେ' ଆଡ଼କୁ ଯାତ୍ରା ଆବଶ୍ୟକ । ଆଜିର ଯୁବପିଢ଼ି ଏହି ମୂଲ୍ୟବୋଧକୁ ଗ୍ରହଣ କଲେ ଦେଶ ଆଗକୁ ବଢ଼ିବ । 'ଆମେ' ଶବ୍ଦରେ ଏକ ସାମୂହିକ ଚେତନା ଲୁଚି ରହିଛି, ଅଥଚ 'ମୁଁ' ଶବ୍ଦଟି ସ୍ୱାର୍ଥପରତାର ପ୍ରତୀକ ପାଲଟିଛି । ପରିବାର, ସମାଜ ଓ ରାଷ୍ଟ୍ରର ମଙ୍ଗଳ ପାଇଁ 'ମୁଁ'ରୁ 'ଆମେ' ଆଡ଼କୁ ଯାତ୍ରା ଆବଶ୍ୟକ । ଆଜିର ଯୁବପିଢ଼ି ଏହି ମୂଲ୍ୟବୋଧକୁ ଗ୍ରହଣ କଲେ ଦେଶ ଆଗକୁ ବଢ଼ିବ । 'ଆମେ' ଶବ୍ଦରେ ଏକ ସାମୂହିକ ଚେତନା ଲୁଚି ରହିଛି, ଅଥଚ 'ମୁଁ' ଶବ୍ଦଟି ସ୍ୱାର୍ଥପରତାର ପ୍ରତୀକ ପାଲଟିଛି । ପରିବାର, ସମାଜ ଓ ରାଷ୍ଟ୍ରର ମଙ୍ଗଳ ପାଇଁ 'ମୁଁ'ରୁ 'ଆମେ' ଆଡ଼କୁ ଯାତ୍ରା ଆବଶ୍ୟକ । ଆଜିର ଯୁବପିଢ଼ି ଏହି ମୂଲ୍ୟବୋଧକୁ ଗ୍ରହଣ କଲେ ଦେଶ ଆଗକୁ ବଢ଼ିବ । 'ଆମେ' ଶବ୍ଦରେ ଏକ ସାମୂହିକ ଚେତନା ଲୁଚି ରହିଛି, ଅଥଚ 'ମୁଁ' ଶବ୍ଦଟି ସ୍ୱାର୍ଥପରତାର ପ୍ରତୀକ ପାଲଟିଛି । ପରିବାର, ସମାଜ ଓ ରାଷ୍ଟ୍ରର ମଙ୍ଗଳ ପାଇଁ 'ମୁଁ'ରୁ 'ଆମେ' ଆଡ଼କୁ ଯାତ୍ରା ଆବଶ୍ୟକ । ଆଜିର ଯୁବପିଢ଼ି ଏହି ମୂଲ୍ୟବୋଧକୁ ଗ୍ରହଣ କଲେ ଦେଶ ଆଗକୁ ବଢ଼ିବ ।
–ରଞ୍ଜନ ବିଦ୍ୟାବିନୋଦ, ଶାଣ୍ତିବିହାର, ଭୁବନେଶ୍ୱର
ପାଠକ ଶ୍ରେଷ୍ଠ ବିଚାରକ
ଭୂମିହୀନ ଆଦିବାସୀଙ୍କୁ ଜମି
ମହାଶୟ, ଓଡ଼ିଶାରେ ଭୂମିହୀନ ଆଦିବାସୀ ପରିବାରଙ୍କୁ ଜମି ଯୋଗାଇବା ପାଇଁ ସରକାର ଘୋଷଣା କରିଥିଲେ ମଧ୍ୟ ଏହା ବାସ୍ତବାୟନ ହୋଇପାରିନାହିଁ । ଶୀଘ୍ର ପଦକ୍ଷେପ ନିଆଯାଉ । ମହାଶୟ, ଓଡ଼ିଶାରେ ଭୂମିହୀନ ଆଦିବାସୀ ପରିବାରଙ୍କୁ ଜମି ଯୋଗାଇବା ପାଇଁ ସରକାର ଘୋଷଣା କରିଥିଲେ ମଧ୍ୟ ଏହା ବାସ୍ତବାୟନ ହୋଇପାରିନାହିଁ । ଶୀଘ୍ର ପଦକ୍ଷେପ ନିଆଯାଉ । ମହାଶୟ, ଓଡ଼ିଶାରେ ଭୂମିହୀନ ଆଦିବାସୀ ପରିବାରଙ୍କୁ ଜମି ଯୋଗାଇବା ପାଇଁ ସରକାର ଘୋଷଣା କରିଥିଲେ ମଧ୍ୟ ଏହା ବାସ୍ତବାୟନ ହୋଇପାରିନାହିଁ । ଶୀଘ୍ର ପଦକ୍ଷେପ ନିଆଯାଉ । ମହାଶୟ, ଓଡ଼ିଶାରେ ଭୂମିହୀନ ଆଦିବାସୀ ପରିବାରଙ୍କୁ ଜମି ଯୋଗାଇବା ପାଇଁ ସରକାର ଘୋଷଣା କରିଥିଲେ ମଧ୍ୟ ଏହା ବାସ୍ତବାୟନ ହୋଇପାରିନାହିଁ । ଶୀଘ୍ର ପଦକ୍ଷେପ ନିଆଯାଉ । ମହାଶୟ, ଓଡ଼ିଶାରେ ଭୂମିହୀନ ଆଦିବାସୀ ପରିବାରଙ୍କୁ ଜମି ଯୋଗାଇବା ପାଇଁ ସରକାର ଘୋଷଣା କରିଥିଲେ ମଧ୍ୟ ଏହା ବାସ୍ତବାୟନ ହୋଇପାରିନାହିଁ । ଶୀଘ୍ର ପଦକ୍ଷେପ ନିଆଯାଉ ।
ଡା. ଦେବାନନ୍ଦ ମହାରଣା, ଏମ୍ପି ମାର୍କେଟ କମ୍ପ୍ଲେକ୍ସ, କଟକ
ସ୍ୱାସ୍ଥ୍ୟବୀମା ହିତାଧିକାରୀ ଚୟନ
ସରକାରଙ୍କ ସ୍ୱାସ୍ଥ୍ୟବୀମା ଯୋଜନାରେ ହିତାଧିକାରୀ ଚୟନରେ ତ୍ରୁଟି ରହିଯାଉଛି । ପ୍ରକୃତ ଗରିବ ପରିବାର ଏଥିରୁ ବଞ୍ଚିତ ହେଉଛନ୍ତି । ସରକାରଙ୍କ ସ୍ୱାସ୍ଥ୍ୟବୀମା ଯୋଜନାରେ ହିତାଧିକାରୀ ଚୟନରେ ତ୍ରୁଟି ରହିଯାଉଛି । ପ୍ରକୃତ ଗରିବ ପରିବାର ଏଥିରୁ ବଞ୍ଚିତ ହେଉଛନ୍ତି । ସରକାରଙ୍କ ସ୍ୱାସ୍ଥ୍ୟବୀମା ଯୋଜନାରେ ହିତାଧିକାରୀ ଚୟନରେ ତ୍ରୁଟି ରହିଯାଉଛି । ପ୍ରକୃତ ଗରିବ ପରିବାର ଏଥିରୁ ବଞ୍ଚିତ ହେଉଛନ୍ତି । ସରକାରଙ୍କ ସ୍ୱାସ୍ଥ୍ୟବୀମା ଯୋଜନାରେ ହିତାଧିକାରୀ ଚୟନରେ ତ୍ରୁଟି ରହିଯାଉଛି । ପ୍ରକୃତ ଗରିବ ପରିବାର ଏଥିରୁ ବଞ୍ଚିତ ହେଉଛନ୍ତି ।
ଉମେଶ ଚନ୍ଦ୍ର ଦାସ, କଣ୍ଟିଲୋ, ଜଗତସିଂହପୁର
ସମସ୍ତେ ବୁଢ଼ା ହେବେ
ଧରିତ୍ରୀରେ ପ୍ରକାଶିତ ବୃଦ୍ଧ ନାଗରିକ ଓ ସରକାର ଶୀର୍ଷକ ଲେଖା ପଢ଼ିଲି । ବୃଦ୍ଧମାନଙ୍କ ପ୍ରତି ସମ୍ମାନ ଦେଖାଇବା ସମସ୍ତଙ୍କ କର୍ତ୍ତବ୍ୟ । ଧରିତ୍ରୀରେ ପ୍ରକାଶିତ ବୃଦ୍ଧ ନାଗରିକ ଓ ସରକାର ଶୀର୍ଷକ ଲେଖା ପଢ଼ିଲି । ବୃଦ୍ଧମାନଙ୍କ ପ୍ରତି ସମ୍ମାନ ଦେଖାଇବା ସମସ୍ତଙ୍କ କର୍ତ୍ତବ୍ୟ । ଧରିତ୍ରୀରେ ପ୍ରକାଶିତ ବୃଦ୍ଧ ନାଗରିକ ଓ ସରକାର ଶୀର୍ଷକ ଲେଖା ପଢ଼ିଲି । ବୃଦ୍ଧମାନଙ୍କ ପ୍ରତି ସମ୍ମାନ ଦେଖାଇବା ସମସ୍ତଙ୍କ କର୍ତ୍ତବ୍ୟ ।
ଦିଲ୍ଲୀପ କବି, ଭୁବନେଶ୍ୱର
ଗ୍ୟାସ୍ ବିତରକଙ୍କୁ ଲଗାମ
ସହରାଞ୍ଚଳରେ ରନ୍ଧନ ଗ୍ୟାସ ବିତରଣରେ ଅନିୟମିତତା ଦେଖାଦେଇଛି । ବିତରକମାନେ ଅଧିକ ଦର ଆଦାୟ କରୁଛନ୍ତି । ସହରାଞ୍ଚଳରେ ରନ୍ଧନ ଗ୍ୟାସ ବିତରଣରେ ଅନିୟମିତତା ଦେଖାଦେଇଛି । ବିତରକମାନେ ଅଧିକ ଦର ଆଦାୟ କରୁଛନ୍ତି ।
ପ୍ରଶାନ୍ତ କୁମାର ସାହୁ, ଭଦ୍ରକ
ଲୋକଦେଖାଣିଆ ଚାଲ୍
ଆଗାମୀ ନିର୍ବାଚନ ପୂର୍ବରୁ ସରକାର ଅନେକ ଲୋକାଭିମୁଖୀ ଘୋଷଣା କରୁଛନ୍ତି, ଯାହା କେବଳ ଲୋକଦେଖାଣିଆ ବୋଲି ଅନେକେ ମନେ କରୁଛନ୍ତି । ଆଗାମୀ ନିର୍ବାଚନ ପୂର୍ବରୁ ସରକାର ଅନେକ ଲୋକାଭିମୁଖୀ ଘୋଷଣା କରୁଛନ୍ତି, ଯାହା କେବଳ ଲୋକଦେଖାଣିଆ ବୋଲି ଅନେକେ ମନେ କରୁଛନ୍ତି । ଆଗାମୀ ନିର୍ବାଚନ ପୂର୍ବରୁ ସରକାର ଅନେକ ଲୋକାଭିମୁଖୀ ଘୋଷଣା କରୁଛନ୍ତି, ଯାହା କେବଳ ଲୋକଦେଖାଣିଆ ବୋଲି ଅନେକେ ମନେ କରୁଛନ୍ତି ।
ରାମଚନ୍ଦ୍ର ଦାସ, ଅନୁଗୋଳ
ଜୈବିକ କୃଷି
ଜୈବିକ କୃଷି ମାଧ୍ୟମରେ ମାଟିର ଉର୍ବରତା ବଜାୟ ରହେ ଏବଂ ସ୍ୱାସ୍ଥ୍ୟକର ଶସ୍ୟ ଉତ୍ପାଦନ ହୁଏ । ସରକାର ଏହାକୁ ପ୍ରୋତ୍ସାହନ ଦେବା ଉଚିତ । ଜୈବିକ କୃଷି ମାଧ୍ୟମରେ ମାଟିର ଉର୍ବରତା ବଜାୟ ରହେ ଏବଂ ସ୍ୱାସ୍ଥ୍ୟକର ଶସ୍ୟ ଉତ୍ପାଦନ ହୁଏ । ସରକାର ଏହାକୁ ପ୍ରୋତ୍ସାହନ ଦେବା ଉଚିତ । ଜୈବିକ କୃଷି ମାଧ୍ୟମରେ ମାଟିର ଉର୍ବରତା ବଜାୟ ରହେ ଏବଂ ସ୍ୱାସ୍ଥ୍ୟକର ଶସ୍ୟ ଉତ୍ପାଦନ ହୁଏ । ସରକାର ଏହାକୁ ପ୍ରୋତ୍ସାହନ ଦେବା ଉଚିତ ।
ଟୀ ଦତ୍ତ ବାରିକ, କ୍ୱାର୍ଟର ନଂ- ସି-୫୪, ସେକ୍ଟର-୫, ରାଉରକେଲା
ପାଠକ ଶ୍ରେଷ୍ଠ ବିଚାରକ ସ୍ତମ୍ଭକୁ ପତ୍ର ପଠାଇବାର ଠିକଣା:
ସମ୍ପାଦକ, ଧରିତ୍ରୀ,
ବି-୧୫, ରସୁଲଗଡ଼ ଶିଳ୍ପାଞ୍ଚଳ, ଭୁବନେଶ୍ୱର-୭୫୧୦୧୦
କେବଳ ସମ୍ପାଦକଙ୍କୁ ପତ୍ର, ଖବର ପାଇଁ ବ୍ୟବହାର କରନ୍ତୁ :
E-mail:dharitripress@gmail.com
(Use only for letters to Editor, news & news photos)
କେବଳ ବିଜ୍ଞାପନ ପାଇଁ ବ୍ୟବହାର କରନ୍ତୁ :
E-mail:advt@dharitri.com
:miku11@yahoo.com (Use only for advertisements, commercial queries)
ପଚିଶ ବର୍ଷ
ତଳର ଧରିତ୍ରୀ...
୯, ଅକ୍ଟୋବର
୧୯୮୭
ଦୋମିନିକ ରିପବ୍ଲିକ୍ ଦୁର୍ଘଟଣାରେ ଆଉ ୧୫ ଜଣଙ୍କ ମୃତ୍ୟୁ
ଆନ୍ତର୍ଜାତୀୟ ବଜାରରେ ଏକ୍‌ସପୋ-୧୪ ସୁଯୋଗ ସୃଷ୍ଟି କରିବ
su|do|ku
© Puzzles by Pappocom	ସୁ-ଡୋ-କୁ
9 3	2	6 4
5 1 4	8
5 7
1	8	4 9
9
2 1
6 7 5	3
ଉତ୍ତର ଆରମ୍ଭରେ ଆସନ୍ତାକାଲି ପ୍ରକାଶ ପାଇବ ।
ସୁ-ଡୋ-କୁ ଏକ ଅଙ୍କ ଖେଳ । ଏଥିରେ ଥିବା ଶୂନ୍ୟସ୍ଥାନଗୁଡ଼ିକରେ ୧ରୁ ୯ ପର୍ଯ୍ୟନ୍ତ ଅଙ୍କ ପୂରଣ କରିବାକୁ ହେବ । ପ୍ରତି ଧାଡ଼ି, ସ୍ତମ୍ଭ ଓ ବାକ୍ସରେ କୌଣସି ଅଙ୍କ ଦୁଇଥର ରହିବ ନାହିଁ ।
3	8	6	2	9	4	7	1	5
5	1	2	7	8	6	3	4	9
7	9	4	1	3	5	2	6	8
4	2	5	6	7	9	8	3	1
1	6	7	3	4	8	5	9	2
8	3	9	5	2	1	6	7	4
9	5	1	8	6	7	4	2	3
2	4	3	9	1	5	1	8	6
6	7	8	4	5	3	9	5	7
ସୁ-ଡୋ-କୁ ଏକ ଅଙ୍କ ଖେଳ । ଏଥିରେ ଥିବା ଶୂନ୍ୟସ୍ଥାନଗୁଡ଼ିକରେ ୧ରୁ ୯ ପର୍ଯ୍ୟନ୍ତ ଅଙ୍କ ପୂରଣ କରିବାକୁ ହେବ । ପ୍ରତି ଧାଡ଼ି, ସ୍ତମ୍ଭ ଓ ବାକ୍ସରେ କୌଣସି ଅଙ୍କ ଦୁଇଥର ରହିବ ନାହିଁ ।
